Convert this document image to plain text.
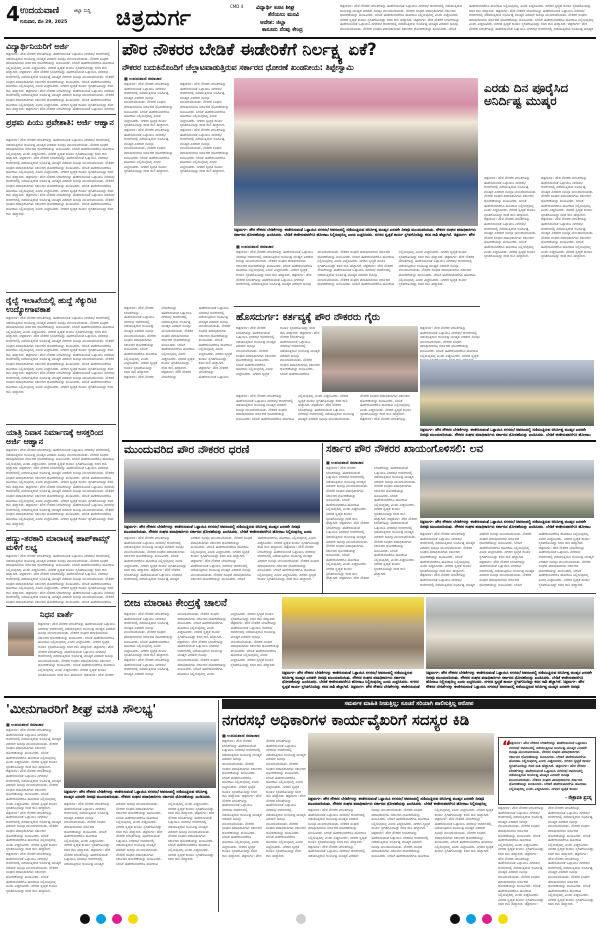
4 ಉದಯವಾಣಿ	ಜಿಲ್ಲಾ ಸುದ್ದಿ
ಗುರುವಾರ, ಮೇ 29, 2025 ಚಿತ್ರದುರ್ಗ	CMD 4 ವಿದ್ಯಾರ್ಥಿ ಕೂಟ ಶೀಘ್ರ
ತೆರೆಯಲು ಮನವಿ
ಆದೇಶ: ಜಿಲ್ಲಾ
ಕಾನೂನು ನೆರವು ಕೇಂದ್ರ
ಚಿತ್ರದುರ್ಗ: ಪೌರ ನೌಕರರ ಬೇಡಿಕೆಗಳನ್ನು ಈಡೇರಿಸುವಂತೆ ಒತ್ತಾಯಿಸಿ ನಗರಸಭೆ ಆವರಣದಲ್ಲಿ ನಡೆಯುತ್ತಿರುವ ಅನಿರ್ದಿಷ್ಟ ಮುಷ್ಕರ ಎರಡನೇ ದಿನವೂ ಮುಂದುವರಿಯಿತು. ನೌಕರರ ಸಂಘದ ಪದಾಧಿಕಾರಿಗಳು ಸರ್ಕಾರದ ಧೋರಣೆಯನ್ನು ಖಂಡಿಸಿದರು. ಬೇಡಿಕೆ ಈಡೇರುವವರೆಗೂ ಹೋರಾಟ ನಿಲ್ಲಿಸುವುದಿಲ್ಲ ಎಂದು ಎಚ್ಚರಿಸಿದರು. ನಗರದ ಸ್ವಚ್ಛತೆ ಕಾರ್ಯ ಸ್ಥಗಿತಗೊಂಡಿದ್ದು ಕಸದ ರಾಶಿ ಹೆಚ್ಚಾಗಿದೆ. ಚಿತ್ರದುರ್ಗ: ಪೌರ ನೌಕರರ ಬೇಡಿಕೆಗಳನ್ನು ಈಡೇರಿಸುವಂತೆ ಒತ್ತಾಯಿಸಿ ನಗರಸಭೆ ಆವರಣದಲ್ಲಿ ನಡೆಯುತ್ತಿರುವ ಅನಿರ್ದಿಷ್ಟ ಮುಷ್ಕರ ಎರಡನೇ ದಿನವೂ ಮುಂದುವರಿಯಿತು. ನೌಕರರ ಸಂಘದ ಪದಾಧಿಕಾರಿಗಳು ಸರ್ಕಾರದ ಧೋರಣೆಯನ್ನು ಖಂಡಿಸಿದರು. ಬೇಡಿಕೆ ಈಡೇರುವವರೆಗೂ ಹೋರಾಟ ನಿಲ್ಲಿಸುವುದಿಲ್ಲ ಎಂದು ಎಚ್ಚರಿಸಿದರು. ನಗರದ ಸ್ವಚ್ಛತೆ ಕಾರ್ಯ ಸ್ಥಗಿತಗೊಂಡಿದ್ದು ಕಸದ ರಾಶಿ ಹೆಚ್ಚಾಗಿದೆ. ಚಿತ್ರದುರ್ಗ: ಪೌರ ನೌಕರರ ಬೇಡಿಕೆಗಳನ್ನು ಈಡೇರಿಸುವಂತೆ ಒತ್ತಾಯಿಸಿ ನಗರಸಭೆ ಆವರಣದಲ್ಲಿ ನಡೆಯುತ್ತಿರುವ ಅನಿರ್ದಿಷ್ಟ ಮುಷ್ಕರ ಎರಡನೇ ದಿನವೂ ಮುಂದುವರಿಯಿತು. ನೌಕರರ ಸಂಘದ ಪದಾಧಿಕಾರಿಗಳು ಸರ್ಕಾರದ ಧೋರಣೆಯನ್ನು ಖಂಡಿಸಿದರು. ಬೇಡಿಕೆ ಈಡೇರುವವರೆಗೂ ಹೋರಾಟ ನಿಲ್ಲಿಸುವುದಿಲ್ಲ ಎಂದು ಎಚ್ಚರಿಸಿದರು. ನಗರದ ಸ್ವಚ್ಛತೆ ಕಾರ್ಯ ಸ್ಥಗಿತಗೊಂಡಿದ್ದು ಕಸದ ರಾಶಿ ಹೆಚ್ಚಾಗಿದೆ. ಚಿತ್ರದುರ್ಗ: ಪೌರ ನೌಕರರ ಬೇಡಿಕೆಗಳನ್ನು ಈಡೇರಿಸುವಂತೆ ಒತ್ತಾಯಿಸಿ ನಗರಸಭೆ ಆವರಣದಲ್ಲಿ ನಡೆಯುತ್ತಿರುವ ಅನಿರ್ದಿಷ್ಟ ಮುಷ್ಕರ
ವಿದ್ಯಾರ್ಥಿನಿಯರಿಗೆ ಅರ್ಜಿ
ಚಿತ್ರದುರ್ಗ: ಪೌರ ನೌಕರರ ಬೇಡಿಕೆಗಳನ್ನು ಈಡೇರಿಸುವಂತೆ ಒತ್ತಾಯಿಸಿ ನಗರಸಭೆ ಆವರಣದಲ್ಲಿ ನಡೆಯುತ್ತಿರುವ ಅನಿರ್ದಿಷ್ಟ ಮುಷ್ಕರ ಎರಡನೇ ದಿನವೂ ಮುಂದುವರಿಯಿತು. ನೌಕರರ ಸಂಘದ ಪದಾಧಿಕಾರಿಗಳು ಸರ್ಕಾರದ ಧೋರಣೆಯನ್ನು ಖಂಡಿಸಿದರು. ಬೇಡಿಕೆ ಈಡೇರುವವರೆಗೂ ಹೋರಾಟ ನಿಲ್ಲಿಸುವುದಿಲ್ಲ ಎಂದು ಎಚ್ಚರಿಸಿದರು. ನಗರದ ಸ್ವಚ್ಛತೆ ಕಾರ್ಯ ಸ್ಥಗಿತಗೊಂಡಿದ್ದು ಕಸದ ರಾಶಿ ಹೆಚ್ಚಾಗಿದೆ. ಚಿತ್ರದುರ್ಗ: ಪೌರ ನೌಕರರ ಬೇಡಿಕೆಗಳನ್ನು ಈಡೇರಿಸುವಂತೆ ಒತ್ತಾಯಿಸಿ ನಗರಸಭೆ ಆವರಣದಲ್ಲಿ ನಡೆಯುತ್ತಿರುವ ಅನಿರ್ದಿಷ್ಟ ಮುಷ್ಕರ ಎರಡನೇ ದಿನವೂ ಮುಂದುವರಿಯಿತು. ನೌಕರರ ಸಂಘದ ಪದಾಧಿಕಾರಿಗಳು ಸರ್ಕಾರದ ಧೋರಣೆಯನ್ನು ಖಂಡಿಸಿದರು. ಬೇಡಿಕೆ ಈಡೇರುವವರೆಗೂ ಹೋರಾಟ ನಿಲ್ಲಿಸುವುದಿಲ್ಲ ಎಂದು ಎಚ್ಚರಿಸಿದರು. ನಗರದ ಸ್ವಚ್ಛತೆ ಕಾರ್ಯ ಸ್ಥಗಿತಗೊಂಡಿದ್ದು ಕಸದ ರಾಶಿ ಹೆಚ್ಚಾಗಿದೆ. ಚಿತ್ರದುರ್ಗ: ಪೌರ ನೌಕರರ ಬೇಡಿಕೆಗಳನ್ನು ಈಡೇರಿಸುವಂತೆ ಒತ್ತಾಯಿಸಿ ನಗರಸಭೆ ಆವರಣದಲ್ಲಿ ನಡೆಯುತ್ತಿರುವ ಅನಿರ್ದಿಷ್ಟ ಮುಷ್ಕರ ಎರಡನೇ ದಿನವೂ ಮುಂದುವರಿಯಿತು. ನೌಕರರ ಸಂಘದ ಪದಾಧಿಕಾರಿಗಳು ಸರ್ಕಾರದ ಧೋರಣೆಯನ್ನು ಖಂಡಿಸಿದರು. ಬೇಡಿಕೆ ಈಡೇರುವವರೆಗೂ ಹೋರಾಟ ನಿಲ್ಲಿಸುವುದಿಲ್ಲ ಎಂದು ಎಚ್ಚರಿಸಿದರು. ನಗರದ ಸ್ವಚ್ಛತೆ ಕಾರ್ಯ ಸ್ಥಗಿತಗೊಂಡಿದ್ದು ಕಸದ ರಾಶಿ ಹೆಚ್ಚಾಗಿದೆ. ಚಿತ್ರದುರ್ಗ: ಪೌರ ನೌಕರರ ಬೇಡಿಕೆಗಳನ್ನು ಈಡೇರಿಸುವಂತೆ ಒತ್ತಾಯಿಸಿ ನಗರಸಭೆ
ಪ್ರಥಮ ಪಿಯು ಪ್ರವೇಶಾತಿ: ಅರ್ಜಿ ಆಹ್ವಾನ
ಚಿತ್ರದುರ್ಗ: ಪೌರ ನೌಕರರ ಬೇಡಿಕೆಗಳನ್ನು ಈಡೇರಿಸುವಂತೆ ಒತ್ತಾಯಿಸಿ ನಗರಸಭೆ ಆವರಣದಲ್ಲಿ ನಡೆಯುತ್ತಿರುವ ಅನಿರ್ದಿಷ್ಟ ಮುಷ್ಕರ ಎರಡನೇ ದಿನವೂ ಮುಂದುವರಿಯಿತು. ನೌಕರರ ಸಂಘದ ಪದಾಧಿಕಾರಿಗಳು ಸರ್ಕಾರದ ಧೋರಣೆಯನ್ನು ಖಂಡಿಸಿದರು. ಬೇಡಿಕೆ ಈಡೇರುವವರೆಗೂ ಹೋರಾಟ ನಿಲ್ಲಿಸುವುದಿಲ್ಲ ಎಂದು ಎಚ್ಚರಿಸಿದರು. ನಗರದ ಸ್ವಚ್ಛತೆ ಕಾರ್ಯ ಸ್ಥಗಿತಗೊಂಡಿದ್ದು ಕಸದ ರಾಶಿ ಹೆಚ್ಚಾಗಿದೆ. ಚಿತ್ರದುರ್ಗ: ಪೌರ ನೌಕರರ ಬೇಡಿಕೆಗಳನ್ನು ಈಡೇರಿಸುವಂತೆ ಒತ್ತಾಯಿಸಿ ನಗರಸಭೆ ಆವರಣದಲ್ಲಿ ನಡೆಯುತ್ತಿರುವ ಅನಿರ್ದಿಷ್ಟ ಮುಷ್ಕರ ಎರಡನೇ ದಿನವೂ ಮುಂದುವರಿಯಿತು. ನೌಕರರ ಸಂಘದ ಪದಾಧಿಕಾರಿಗಳು ಸರ್ಕಾರದ ಧೋರಣೆಯನ್ನು ಖಂಡಿಸಿದರು. ಬೇಡಿಕೆ ಈಡೇರುವವರೆಗೂ ಹೋರಾಟ ನಿಲ್ಲಿಸುವುದಿಲ್ಲ ಎಂದು ಎಚ್ಚರಿಸಿದರು. ನಗರದ ಸ್ವಚ್ಛತೆ ಕಾರ್ಯ ಸ್ಥಗಿತಗೊಂಡಿದ್ದು ಕಸದ ರಾಶಿ ಹೆಚ್ಚಾಗಿದೆ. ಚಿತ್ರದುರ್ಗ: ಪೌರ ನೌಕರರ ಬೇಡಿಕೆಗಳನ್ನು ಈಡೇರಿಸುವಂತೆ ಒತ್ತಾಯಿಸಿ ನಗರಸಭೆ ಆವರಣದಲ್ಲಿ ನಡೆಯುತ್ತಿರುವ ಅನಿರ್ದಿಷ್ಟ ಮುಷ್ಕರ ಎರಡನೇ ದಿನವೂ ಮುಂದುವರಿಯಿತು. ನೌಕರರ ಸಂಘದ ಪದಾಧಿಕಾರಿಗಳು ಸರ್ಕಾರದ ಧೋರಣೆಯನ್ನು ಖಂಡಿಸಿದರು. ಬೇಡಿಕೆ ಈಡೇರುವವರೆಗೂ ಹೋರಾಟ ನಿಲ್ಲಿಸುವುದಿಲ್ಲ ಎಂದು ಎಚ್ಚರಿಸಿದರು. ನಗರದ ಸ್ವಚ್ಛತೆ ಕಾರ್ಯ ಸ್ಥಗಿತಗೊಂಡಿದ್ದು ಕಸದ ರಾಶಿ ಹೆಚ್ಚಾಗಿದೆ. ಚಿತ್ರದುರ್ಗ: ಪೌರ ನೌಕರರ ಬೇಡಿಕೆಗಳನ್ನು ಈಡೇರಿಸುವಂತೆ ಒತ್ತಾಯಿಸಿ ನಗರಸಭೆ ಆವರಣದಲ್ಲಿ ನಡೆಯುತ್ತಿರುವ ಅನಿರ್ದಿಷ್ಟ ಮುಷ್ಕರ ಎರಡನೇ ದಿನವೂ ಮುಂದುವರಿಯಿತು. ನೌಕರರ ಸಂಘದ ಪದಾಧಿಕಾರಿಗಳು ಸರ್ಕಾರದ ಧೋರಣೆಯನ್ನು ಖಂಡಿಸಿದರು. ಬೇಡಿಕೆ ಈಡೇರುವವರೆಗೂ ಹೋರಾಟ ನಿಲ್ಲಿಸುವುದಿಲ್ಲ ಎಂದು ಎಚ್ಚರಿಸಿದರು. ನಗರದ ಸ್ವಚ್ಛತೆ ಕಾರ್ಯ ಸ್ಥಗಿತಗೊಂಡಿದ್ದು ಕಸದ ರಾಶಿ ಹೆಚ್ಚಾಗಿದೆ.
ರೈಲ್ವೆ ಇಲಾಖೆಯಲ್ಲಿ ಹುದ್ದೆ ಸೆಕ್ಯುರಿಟಿ ಉದ್ಯೋಗಾವಕಾಶ
ಚಿತ್ರದುರ್ಗ: ಪೌರ ನೌಕರರ ಬೇಡಿಕೆಗಳನ್ನು ಈಡೇರಿಸುವಂತೆ ಒತ್ತಾಯಿಸಿ ನಗರಸಭೆ ಆವರಣದಲ್ಲಿ ನಡೆಯುತ್ತಿರುವ ಅನಿರ್ದಿಷ್ಟ ಮುಷ್ಕರ ಎರಡನೇ ದಿನವೂ ಮುಂದುವರಿಯಿತು. ನೌಕರರ ಸಂಘದ ಪದಾಧಿಕಾರಿಗಳು ಸರ್ಕಾರದ ಧೋರಣೆಯನ್ನು ಖಂಡಿಸಿದರು. ಬೇಡಿಕೆ ಈಡೇರುವವರೆಗೂ ಹೋರಾಟ ನಿಲ್ಲಿಸುವುದಿಲ್ಲ ಎಂದು ಎಚ್ಚರಿಸಿದರು. ನಗರದ ಸ್ವಚ್ಛತೆ ಕಾರ್ಯ ಸ್ಥಗಿತಗೊಂಡಿದ್ದು ಕಸದ ರಾಶಿ ಹೆಚ್ಚಾಗಿದೆ. ಚಿತ್ರದುರ್ಗ: ಪೌರ ನೌಕರರ ಬೇಡಿಕೆಗಳನ್ನು ಈಡೇರಿಸುವಂತೆ ಒತ್ತಾಯಿಸಿ ನಗರಸಭೆ ಆವರಣದಲ್ಲಿ ನಡೆಯುತ್ತಿರುವ ಅನಿರ್ದಿಷ್ಟ ಮುಷ್ಕರ ಎರಡನೇ ದಿನವೂ ಮುಂದುವರಿಯಿತು. ನೌಕರರ ಸಂಘದ ಪದಾಧಿಕಾರಿಗಳು ಸರ್ಕಾರದ ಧೋರಣೆಯನ್ನು ಖಂಡಿಸಿದರು. ಬೇಡಿಕೆ ಈಡೇರುವವರೆಗೂ ಹೋರಾಟ ನಿಲ್ಲಿಸುವುದಿಲ್ಲ ಎಂದು ಎಚ್ಚರಿಸಿದರು. ನಗರದ ಸ್ವಚ್ಛತೆ ಕಾರ್ಯ ಸ್ಥಗಿತಗೊಂಡಿದ್ದು ಕಸದ ರಾಶಿ ಹೆಚ್ಚಾಗಿದೆ. ಚಿತ್ರದುರ್ಗ: ಪೌರ ನೌಕರರ ಬೇಡಿಕೆಗಳನ್ನು ಈಡೇರಿಸುವಂತೆ ಒತ್ತಾಯಿಸಿ ನಗರಸಭೆ ಆವರಣದಲ್ಲಿ ನಡೆಯುತ್ತಿರುವ ಅನಿರ್ದಿಷ್ಟ ಮುಷ್ಕರ ಎರಡನೇ ದಿನವೂ ಮುಂದುವರಿಯಿತು. ನೌಕರರ ಸಂಘದ ಪದಾಧಿಕಾರಿಗಳು ಸರ್ಕಾರದ ಧೋರಣೆಯನ್ನು ಖಂಡಿಸಿದರು. ಬೇಡಿಕೆ ಈಡೇರುವವರೆಗೂ ಹೋರಾಟ ನಿಲ್ಲಿಸುವುದಿಲ್ಲ ಎಂದು ಎಚ್ಚರಿಸಿದರು. ನಗರದ ಸ್ವಚ್ಛತೆ ಕಾರ್ಯ ಸ್ಥಗಿತಗೊಂಡಿದ್ದು ಕಸದ ರಾಶಿ ಹೆಚ್ಚಾಗಿದೆ. ಚಿತ್ರದುರ್ಗ: ಪೌರ ನೌಕರರ ಬೇಡಿಕೆಗಳನ್ನು ಈಡೇರಿಸುವಂತೆ ಒತ್ತಾಯಿಸಿ ನಗರಸಭೆ ಆವರಣದಲ್ಲಿ ನಡೆಯುತ್ತಿರುವ ಅನಿರ್ದಿಷ್ಟ ಮುಷ್ಕರ ಎರಡನೇ ದಿನವೂ ಮುಂದುವರಿಯಿತು. ನೌಕರರ ಸಂಘದ ಪದಾಧಿಕಾರಿಗಳು ಸರ್ಕಾರದ ಧೋರಣೆಯನ್ನು ಖಂಡಿಸಿದರು. ಬೇಡಿಕೆ ಈಡೇರುವವರೆಗೂ ಹೋರಾಟ ನಿಲ್ಲಿಸುವುದಿಲ್ಲ ಎಂದು ಎಚ್ಚರಿಸಿದರು. ನಗರದ ಸ್ವಚ್ಛತೆ ಕಾರ್ಯ ಸ್ಥಗಿತಗೊಂಡಿದ್ದು ಕಸದ ರಾಶಿ ಹೆಚ್ಚಾಗಿದೆ.
ಯಾತ್ರಿ ನಿವಾಸ ನಿರ್ಮಾಣಕ್ಕೆ ಆಸಕ್ತರಿಂದ ಅರ್ಜಿ ಆಹ್ವಾನ
ಚಿತ್ರದುರ್ಗ: ಪೌರ ನೌಕರರ ಬೇಡಿಕೆಗಳನ್ನು ಈಡೇರಿಸುವಂತೆ ಒತ್ತಾಯಿಸಿ ನಗರಸಭೆ ಆವರಣದಲ್ಲಿ ನಡೆಯುತ್ತಿರುವ ಅನಿರ್ದಿಷ್ಟ ಮುಷ್ಕರ ಎರಡನೇ ದಿನವೂ ಮುಂದುವರಿಯಿತು. ನೌಕರರ ಸಂಘದ ಪದಾಧಿಕಾರಿಗಳು ಸರ್ಕಾರದ ಧೋರಣೆಯನ್ನು ಖಂಡಿಸಿದರು. ಬೇಡಿಕೆ ಈಡೇರುವವರೆಗೂ ಹೋರಾಟ ನಿಲ್ಲಿಸುವುದಿಲ್ಲ ಎಂದು ಎಚ್ಚರಿಸಿದರು. ನಗರದ ಸ್ವಚ್ಛತೆ ಕಾರ್ಯ ಸ್ಥಗಿತಗೊಂಡಿದ್ದು ಕಸದ ರಾಶಿ ಹೆಚ್ಚಾಗಿದೆ. ಚಿತ್ರದುರ್ಗ: ಪೌರ ನೌಕರರ ಬೇಡಿಕೆಗಳನ್ನು ಈಡೇರಿಸುವಂತೆ ಒತ್ತಾಯಿಸಿ ನಗರಸಭೆ ಆವರಣದಲ್ಲಿ ನಡೆಯುತ್ತಿರುವ ಅನಿರ್ದಿಷ್ಟ ಮುಷ್ಕರ ಎರಡನೇ ದಿನವೂ ಮುಂದುವರಿಯಿತು. ನೌಕರರ ಸಂಘದ ಪದಾಧಿಕಾರಿಗಳು ಸರ್ಕಾರದ ಧೋರಣೆಯನ್ನು ಖಂಡಿಸಿದರು. ಬೇಡಿಕೆ ಈಡೇರುವವರೆಗೂ ಹೋರಾಟ ನಿಲ್ಲಿಸುವುದಿಲ್ಲ ಎಂದು ಎಚ್ಚರಿಸಿದರು. ನಗರದ ಸ್ವಚ್ಛತೆ ಕಾರ್ಯ ಸ್ಥಗಿತಗೊಂಡಿದ್ದು ಕಸದ ರಾಶಿ ಹೆಚ್ಚಾಗಿದೆ. ಚಿತ್ರದುರ್ಗ: ಪೌರ ನೌಕರರ ಬೇಡಿಕೆಗಳನ್ನು ಈಡೇರಿಸುವಂತೆ ಒತ್ತಾಯಿಸಿ ನಗರಸಭೆ ಆವರಣದಲ್ಲಿ ನಡೆಯುತ್ತಿರುವ ಅನಿರ್ದಿಷ್ಟ ಮುಷ್ಕರ ಎರಡನೇ ದಿನವೂ ಮುಂದುವರಿಯಿತು. ನೌಕರರ ಸಂಘದ ಪದಾಧಿಕಾರಿಗಳು ಸರ್ಕಾರದ ಧೋರಣೆಯನ್ನು ಖಂಡಿಸಿದರು. ಬೇಡಿಕೆ ಈಡೇರುವವರೆಗೂ ಹೋರಾಟ ನಿಲ್ಲಿಸುವುದಿಲ್ಲ ಎಂದು ಎಚ್ಚರಿಸಿದರು. ನಗರದ ಸ್ವಚ್ಛತೆ ಕಾರ್ಯ ಸ್ಥಗಿತಗೊಂಡಿದ್ದು ಕಸದ ರಾಶಿ ಹೆಚ್ಚಾಗಿದೆ. ಚಿತ್ರದುರ್ಗ: ಪೌರ ನೌಕರರ ಬೇಡಿಕೆಗಳನ್ನು ಈಡೇರಿಸುವಂತೆ ಒತ್ತಾಯಿಸಿ ನಗರಸಭೆ ಆವರಣದಲ್ಲಿ ನಡೆಯುತ್ತಿರುವ ಅನಿರ್ದಿಷ್ಟ ಮುಷ್ಕರ ಎರಡನೇ ದಿನವೂ ಮುಂದುವರಿಯಿತು. ನೌಕರರ ಸಂಘದ ಪದಾಧಿಕಾರಿಗಳು ಸರ್ಕಾರದ ಧೋರಣೆಯನ್ನು ಖಂಡಿಸಿದರು. ಬೇಡಿಕೆ ಈಡೇರುವವರೆಗೂ ಹೋರಾಟ ನಿಲ್ಲಿಸುವುದಿಲ್ಲ ಎಂದು ಎಚ್ಚರಿಸಿದರು. ನಗರದ ಸ್ವಚ್ಛತೆ ಕಾರ್ಯ ಸ್ಥಗಿತಗೊಂಡಿದ್ದು ಕಸದ ರಾಶಿ ಹೆಚ್ಚಾಗಿದೆ.
ಹಣ್ಣು-ತರಕಾರಿ ಮಾರಾಟಕ್ಕೆ ಹಾಪ್‌ಕಾಮ್ಸ್ ಮಳಿಗೆ ಲಭ್ಯ
ಚಿತ್ರದುರ್ಗ: ಪೌರ ನೌಕರರ ಬೇಡಿಕೆಗಳನ್ನು ಈಡೇರಿಸುವಂತೆ ಒತ್ತಾಯಿಸಿ ನಗರಸಭೆ ಆವರಣದಲ್ಲಿ ನಡೆಯುತ್ತಿರುವ ಅನಿರ್ದಿಷ್ಟ ಮುಷ್ಕರ ಎರಡನೇ ದಿನವೂ ಮುಂದುವರಿಯಿತು. ನೌಕರರ ಸಂಘದ ಪದಾಧಿಕಾರಿಗಳು ಸರ್ಕಾರದ ಧೋರಣೆಯನ್ನು ಖಂಡಿಸಿದರು. ಬೇಡಿಕೆ ಈಡೇರುವವರೆಗೂ ಹೋರಾಟ ನಿಲ್ಲಿಸುವುದಿಲ್ಲ ಎಂದು ಎಚ್ಚರಿಸಿದರು. ನಗರದ ಸ್ವಚ್ಛತೆ ಕಾರ್ಯ ಸ್ಥಗಿತಗೊಂಡಿದ್ದು ಕಸದ ರಾಶಿ ಹೆಚ್ಚಾಗಿದೆ. ಚಿತ್ರದುರ್ಗ: ಪೌರ ನೌಕರರ ಬೇಡಿಕೆಗಳನ್ನು ಈಡೇರಿಸುವಂತೆ ಒತ್ತಾಯಿಸಿ ನಗರಸಭೆ ಆವರಣದಲ್ಲಿ ನಡೆಯುತ್ತಿರುವ ಅನಿರ್ದಿಷ್ಟ ಮುಷ್ಕರ ಎರಡನೇ ದಿನವೂ ಮುಂದುವರಿಯಿತು. ನೌಕರರ ಸಂಘದ ಪದಾಧಿಕಾರಿಗಳು ಸರ್ಕಾರದ ಧೋರಣೆಯನ್ನು ಖಂಡಿಸಿದರು. ಬೇಡಿಕೆ ಈಡೇರುವವರೆಗೂ ಹೋರಾಟ ನಿಲ್ಲಿಸುವುದಿಲ್ಲ ಎಂದು ಎಚ್ಚರಿಸಿದರು. ನಗರದ ಸ್ವಚ್ಛತೆ ಕಾರ್ಯ ಸ್ಥಗಿತಗೊಂಡಿದ್ದು ಕಸದ ರಾಶಿ ಹೆಚ್ಚಾಗಿದೆ. ಚಿತ್ರದುರ್ಗ: ಪೌರ ನೌಕರರ ಬೇಡಿಕೆಗಳನ್ನು ಈಡೇರಿಸುವಂತೆ ಒತ್ತಾಯಿಸಿ ನಗರಸಭೆ ಆವರಣದಲ್ಲಿ ನಡೆಯುತ್ತಿರುವ ಅನಿರ್ದಿಷ್ಟ ಮುಷ್ಕರ ಎರಡನೇ ದಿನವೂ ಮುಂದುವರಿಯಿತು. ನೌಕರರ ಸಂಘದ ಪದಾಧಿಕಾರಿಗಳು ಸರ್ಕಾರದ ಧೋರಣೆಯನ್ನು ಖಂಡಿಸಿದರು. ಬೇಡಿಕೆ ಈಡೇರುವವರೆಗೂ
ನಿಧನ ವಾರ್ತೆ
ಚಿತ್ರದುರ್ಗ: ಪೌರ ನೌಕರರ ಬೇಡಿಕೆಗಳನ್ನು ಈಡೇರಿಸುವಂತೆ ಒತ್ತಾಯಿಸಿ ನಗರಸಭೆ ಆವರಣದಲ್ಲಿ ನಡೆಯುತ್ತಿರುವ ಅನಿರ್ದಿಷ್ಟ ಮುಷ್ಕರ ಎರಡನೇ ದಿನವೂ ಮುಂದುವರಿಯಿತು. ನೌಕರರ ಸಂಘದ ಪದಾಧಿಕಾರಿಗಳು ಸರ್ಕಾರದ ಧೋರಣೆಯನ್ನು ಖಂಡಿಸಿದರು. ಬೇಡಿಕೆ ಈಡೇರುವವರೆಗೂ ಹೋರಾಟ ನಿಲ್ಲಿಸುವುದಿಲ್ಲ ಎಂದು ಎಚ್ಚರಿಸಿದರು. ನಗರದ ಸ್ವಚ್ಛತೆ ಕಾರ್ಯ ಸ್ಥಗಿತಗೊಂಡಿದ್ದು ಕಸದ ರಾಶಿ ಹೆಚ್ಚಾಗಿದೆ. ಚಿತ್ರದುರ್ಗ: ಪೌರ ನೌಕರರ ಬೇಡಿಕೆಗಳನ್ನು ಈಡೇರಿಸುವಂತೆ ಒತ್ತಾಯಿಸಿ ನಗರಸಭೆ ಆವರಣದಲ್ಲಿ ನಡೆಯುತ್ತಿರುವ ಅನಿರ್ದಿಷ್ಟ ಮುಷ್ಕರ ಎರಡನೇ ದಿನವೂ ಮುಂದುವರಿಯಿತು. ನೌಕರರ ಸಂಘದ ಪದಾಧಿಕಾರಿಗಳು ಸರ್ಕಾರದ ಧೋರಣೆಯನ್ನು ಖಂಡಿಸಿದರು. ಬೇಡಿಕೆ ಈಡೇರುವವರೆಗೂ ಹೋರಾಟ ನಿಲ್ಲಿಸುವುದಿಲ್ಲ ಎಂದು ಎಚ್ಚರಿಸಿದರು. ನಗರದ ಸ್ವಚ್ಛತೆ ಕಾರ್ಯ ಸ್ಥಗಿತಗೊಂಡಿದ್ದು ಕಸದ ರಾಶಿ ಹೆಚ್ಚಾಗಿದೆ. ಚಿತ್ರದುರ್ಗ: ಪೌರ ನೌಕರರ
ಪೌರ ನೌಕರರ ಬೇಡಿಕೆ ಈಡೇರಿಕೆಗೆ ನಿರ್ಲಕ್ಷ್ಯ ಏಕೆ?
ನೌಕರರ ಬದುಕಿನೊಂದಿಗೆ ಚೆಲ್ಲಾಟವಾಡುತ್ತಿರುವ ಸರ್ಕಾರದ ಧೋರಣೆ ಖಂಡನೀಯ: ತಿಪ್ಪೇಸ್ವಾಮಿ
■ ಉದಯವಾಣಿ ಸಮಾಚಾರ
ಚಿತ್ರದುರ್ಗ: ಪೌರ ನೌಕರರ ಬೇಡಿಕೆಗಳನ್ನು ಈಡೇರಿಸುವಂತೆ ಒತ್ತಾಯಿಸಿ ನಗರಸಭೆ ಆವರಣದಲ್ಲಿ ನಡೆಯುತ್ತಿರುವ ಅನಿರ್ದಿಷ್ಟ ಮುಷ್ಕರ ಎರಡನೇ ದಿನವೂ ಮುಂದುವರಿಯಿತು. ನೌಕರರ ಸಂಘದ ಪದಾಧಿಕಾರಿಗಳು ಸರ್ಕಾರದ ಧೋರಣೆಯನ್ನು ಖಂಡಿಸಿದರು. ಬೇಡಿಕೆ ಈಡೇರುವವರೆಗೂ ಹೋರಾಟ ನಿಲ್ಲಿಸುವುದಿಲ್ಲ ಎಂದು ಎಚ್ಚರಿಸಿದರು. ನಗರದ ಸ್ವಚ್ಛತೆ ಕಾರ್ಯ ಸ್ಥಗಿತಗೊಂಡಿದ್ದು ಕಸದ ರಾಶಿ ಹೆಚ್ಚಾಗಿದೆ. ಚಿತ್ರದುರ್ಗ: ಪೌರ ನೌಕರರ ಬೇಡಿಕೆಗಳನ್ನು ಈಡೇರಿಸುವಂತೆ ಒತ್ತಾಯಿಸಿ ನಗರಸಭೆ ಆವರಣದಲ್ಲಿ ನಡೆಯುತ್ತಿರುವ ಅನಿರ್ದಿಷ್ಟ ಮುಷ್ಕರ ಎರಡನೇ ದಿನವೂ ಮುಂದುವರಿಯಿತು. ನೌಕರರ ಸಂಘದ ಪದಾಧಿಕಾರಿಗಳು ಸರ್ಕಾರದ ಧೋರಣೆಯನ್ನು ಖಂಡಿಸಿದರು. ಬೇಡಿಕೆ ಈಡೇರುವವರೆಗೂ ಹೋರಾಟ ನಿಲ್ಲಿಸುವುದಿಲ್ಲ ಎಂದು ಎಚ್ಚರಿಸಿದರು. ನಗರದ ಸ್ವಚ್ಛತೆ ಕಾರ್ಯ ಸ್ಥಗಿತಗೊಂಡಿದ್ದು ಕಸದ ರಾಶಿ ಹೆಚ್ಚಾಗಿದೆ. ಚಿತ್ರದುರ್ಗ: ಪೌರ ನೌಕರರ ಬೇಡಿಕೆಗಳನ್ನು ಈಡೇರಿಸುವಂತೆ ಒತ್ತಾಯಿಸಿ ನಗರಸಭೆ ಆವರಣದಲ್ಲಿ ನಡೆಯುತ್ತಿರುವ ಅನಿರ್ದಿಷ್ಟ ಮುಷ್ಕರ ಎರಡನೇ ದಿನವೂ ಮುಂದುವರಿಯಿತು. ನೌಕರರ ಸಂಘದ ಪದಾಧಿಕಾರಿಗಳು ಸರ್ಕಾರದ ಧೋರಣೆಯನ್ನು ಖಂಡಿಸಿದರು. ಬೇಡಿಕೆ ಈಡೇರುವವರೆಗೂ ಹೋರಾಟ ನಿಲ್ಲಿಸುವುದಿಲ್ಲ ಎಂದು ಎಚ್ಚರಿಸಿದರು. ನಗರದ ಸ್ವಚ್ಛತೆ ಕಾರ್ಯ ಸ್ಥಗಿತಗೊಂಡಿದ್ದು ಕಸದ ರಾಶಿ ಹೆಚ್ಚಾಗಿದೆ. ಚಿತ್ರದುರ್ಗ: ಪೌರ ನೌಕರರ ಬೇಡಿಕೆಗಳನ್ನು ಈಡೇರಿಸುವಂತೆ ಒತ್ತಾಯಿಸಿ ನಗರಸಭೆ ಆವರಣದಲ್ಲಿ ನಡೆಯುತ್ತಿರುವ ಅನಿರ್ದಿಷ್ಟ ಮುಷ್ಕರ ಎರಡನೇ ದಿನವೂ ಮುಂದುವರಿಯಿತು. ನೌಕರರ ಸಂಘದ ಪದಾಧಿಕಾರಿಗಳು ಸರ್ಕಾರದ ಧೋರಣೆಯನ್ನು ಖಂಡಿಸಿದರು. ಬೇಡಿಕೆ ಈಡೇರುವವರೆಗೂ ಹೋರಾಟ ನಿಲ್ಲಿಸುವುದಿಲ್ಲ ಎಂದು ಎಚ್ಚರಿಸಿದರು. ನಗರದ ಸ್ವಚ್ಛತೆ ಕಾರ್ಯ ಸ್ಥಗಿತಗೊಂಡಿದ್ದು ಕಸದ ರಾಶಿ ಹೆಚ್ಚಾಗಿದೆ.
ಚಿತ್ರದುರ್ಗ: ಪೌರ ನೌಕರರ ಬೇಡಿಕೆಗಳನ್ನು ಈಡೇರಿಸುವಂತೆ ಒತ್ತಾಯಿಸಿ ನಗರಸಭೆ ಆವರಣದಲ್ಲಿ ನಡೆಯುತ್ತಿರುವ ಅನಿರ್ದಿಷ್ಟ ಮುಷ್ಕರ ಎರಡನೇ ದಿನವೂ ಮುಂದುವರಿಯಿತು. ನೌಕರರ ಸಂಘದ ಪದಾಧಿಕಾರಿಗಳು ಸರ್ಕಾರದ ಧೋರಣೆಯನ್ನು ಖಂಡಿಸಿದರು. ಬೇಡಿಕೆ ಈಡೇರುವವರೆಗೂ ಹೋರಾಟ ನಿಲ್ಲಿಸುವುದಿಲ್ಲ ಎಂದು ಎಚ್ಚರಿಸಿದರು. ನಗರದ ಸ್ವಚ್ಛತೆ ಕಾರ್ಯ ಸ್ಥಗಿತಗೊಂಡಿದ್ದು ಕಸದ ರಾಶಿ ಹೆಚ್ಚಾಗಿದೆ. ಚಿತ್ರದುರ್ಗ: ಪೌರ
ಎರಡು ದಿನ ಪೂರೈಸಿದ ಅನಿರ್ದಿಷ್ಟ ಮುಷ್ಕರ
ಚಿತ್ರದುರ್ಗ: ಪೌರ ನೌಕರರ ಬೇಡಿಕೆಗಳನ್ನು ಈಡೇರಿಸುವಂತೆ ಒತ್ತಾಯಿಸಿ ನಗರಸಭೆ ಆವರಣದಲ್ಲಿ ನಡೆಯುತ್ತಿರುವ ಅನಿರ್ದಿಷ್ಟ ಮುಷ್ಕರ ಎರಡನೇ ದಿನವೂ ಮುಂದುವರಿಯಿತು. ನೌಕರರ ಸಂಘದ ಪದಾಧಿಕಾರಿಗಳು ಸರ್ಕಾರದ ಧೋರಣೆಯನ್ನು ಖಂಡಿಸಿದರು. ಬೇಡಿಕೆ ಈಡೇರುವವರೆಗೂ ಹೋರಾಟ ನಿಲ್ಲಿಸುವುದಿಲ್ಲ ಎಂದು ಎಚ್ಚರಿಸಿದರು. ನಗರದ ಸ್ವಚ್ಛತೆ ಕಾರ್ಯ ಸ್ಥಗಿತಗೊಂಡಿದ್ದು ಕಸದ ರಾಶಿ ಹೆಚ್ಚಾಗಿದೆ. ಚಿತ್ರದುರ್ಗ: ಪೌರ ನೌಕರರ ಬೇಡಿಕೆಗಳನ್ನು ಈಡೇರಿಸುವಂತೆ ಒತ್ತಾಯಿಸಿ ನಗರಸಭೆ ಆವರಣದಲ್ಲಿ ನಡೆಯುತ್ತಿರುವ ಅನಿರ್ದಿಷ್ಟ ಮುಷ್ಕರ ಎರಡನೇ ದಿನವೂ ಮುಂದುವರಿಯಿತು. ನೌಕರರ ಸಂಘದ ಪದಾಧಿಕಾರಿಗಳು ಸರ್ಕಾರದ ಧೋರಣೆಯನ್ನು ಖಂಡಿಸಿದರು. ಬೇಡಿಕೆ ಈಡೇರುವವರೆಗೂ ಹೋರಾಟ ನಿಲ್ಲಿಸುವುದಿಲ್ಲ ಎಂದು ಎಚ್ಚರಿಸಿದರು. ನಗರದ ಸ್ವಚ್ಛತೆ ಕಾರ್ಯ ಸ್ಥಗಿತಗೊಂಡಿದ್ದು ಕಸದ ರಾಶಿ ಹೆಚ್ಚಾಗಿದೆ. ಚಿತ್ರದುರ್ಗ: ಪೌರ ನೌಕರರ ಬೇಡಿಕೆಗಳನ್ನು ಈಡೇರಿಸುವಂತೆ ಒತ್ತಾಯಿಸಿ ನಗರಸಭೆ ಆವರಣದಲ್ಲಿ ನಡೆಯುತ್ತಿರುವ ಅನಿರ್ದಿಷ್ಟ ಮುಷ್ಕರ ಎರಡನೇ ದಿನವೂ ಮುಂದುವರಿಯಿತು. ನೌಕರರ ಸಂಘದ ಪದಾಧಿಕಾರಿಗಳು ಸರ್ಕಾರದ ಧೋರಣೆಯನ್ನು ಖಂಡಿಸಿದರು. ಬೇಡಿಕೆ ಈಡೇರುವವರೆಗೂ ಹೋರಾಟ ನಿಲ್ಲಿಸುವುದಿಲ್ಲ ಎಂದು ಎಚ್ಚರಿಸಿದರು. ನಗರದ ಸ್ವಚ್ಛತೆ ಕಾರ್ಯ ಸ್ಥಗಿತಗೊಂಡಿದ್ದು ಕಸದ ರಾಶಿ ಹೆಚ್ಚಾಗಿದೆ. ಚಿತ್ರದುರ್ಗ: ಪೌರ ನೌಕರರ ಬೇಡಿಕೆಗಳನ್ನು ಈಡೇರಿಸುವಂತೆ ಒತ್ತಾಯಿಸಿ ನಗರಸಭೆ ಆವರಣದಲ್ಲಿ ನಡೆಯುತ್ತಿರುವ ಅನಿರ್ದಿಷ್ಟ ಮುಷ್ಕರ ಎರಡನೇ ದಿನವೂ ಮುಂದುವರಿಯಿತು. ನೌಕರರ ಸಂಘದ ಪದಾಧಿಕಾರಿಗಳು ಸರ್ಕಾರದ ಧೋರಣೆಯನ್ನು ಖಂಡಿಸಿದರು. ಬೇಡಿಕೆ ಈಡೇರುವವರೆಗೂ ಹೋರಾಟ ನಿಲ್ಲಿಸುವುದಿಲ್ಲ ಎಂದು ಎಚ್ಚರಿಸಿದರು. ನಗರದ ಸ್ವಚ್ಛತೆ ಕಾರ್ಯ ಸ್ಥಗಿತಗೊಂಡಿದ್ದು ಕಸದ ರಾಶಿ ಹೆಚ್ಚಾಗಿದೆ.
■ ಉದಯವಾಣಿ ಸಮಾಚಾರ
ಚಿತ್ರದುರ್ಗ: ಪೌರ ನೌಕರರ ಬೇಡಿಕೆಗಳನ್ನು ಈಡೇರಿಸುವಂತೆ ಒತ್ತಾಯಿಸಿ ನಗರಸಭೆ ಆವರಣದಲ್ಲಿ ನಡೆಯುತ್ತಿರುವ ಅನಿರ್ದಿಷ್ಟ ಮುಷ್ಕರ ಎರಡನೇ ದಿನವೂ ಮುಂದುವರಿಯಿತು. ನೌಕರರ ಸಂಘದ ಪದಾಧಿಕಾರಿಗಳು ಸರ್ಕಾರದ ಧೋರಣೆಯನ್ನು ಖಂಡಿಸಿದರು. ಬೇಡಿಕೆ ಈಡೇರುವವರೆಗೂ ಹೋರಾಟ ನಿಲ್ಲಿಸುವುದಿಲ್ಲ ಎಂದು ಎಚ್ಚರಿಸಿದರು. ನಗರದ ಸ್ವಚ್ಛತೆ ಕಾರ್ಯ ಸ್ಥಗಿತಗೊಂಡಿದ್ದು ಕಸದ ರಾಶಿ ಹೆಚ್ಚಾಗಿದೆ. ಚಿತ್ರದುರ್ಗ: ಪೌರ ನೌಕರರ ಬೇಡಿಕೆಗಳನ್ನು ಈಡೇರಿಸುವಂತೆ ಒತ್ತಾಯಿಸಿ ನಗರಸಭೆ ಆವರಣದಲ್ಲಿ ನಡೆಯುತ್ತಿರುವ ಅನಿರ್ದಿಷ್ಟ ಮುಷ್ಕರ ಎರಡನೇ ದಿನವೂ ಮುಂದುವರಿಯಿತು. ನೌಕರರ ಸಂಘದ ಪದಾಧಿಕಾರಿಗಳು ಸರ್ಕಾರದ ಧೋರಣೆಯನ್ನು ಖಂಡಿಸಿದರು. ಬೇಡಿಕೆ ಈಡೇರುವವರೆಗೂ ಹೋರಾಟ ನಿಲ್ಲಿಸುವುದಿಲ್ಲ ಎಂದು ಎಚ್ಚರಿಸಿದರು. ನಗರದ ಸ್ವಚ್ಛತೆ ಕಾರ್ಯ ಸ್ಥಗಿತಗೊಂಡಿದ್ದು ಕಸದ ರಾಶಿ ಹೆಚ್ಚಾಗಿದೆ. ಚಿತ್ರದುರ್ಗ: ಪೌರ ನೌಕರರ ಬೇಡಿಕೆಗಳನ್ನು ಈಡೇರಿಸುವಂತೆ ಒತ್ತಾಯಿಸಿ ನಗರಸಭೆ ಆವರಣದಲ್ಲಿ ನಡೆಯುತ್ತಿರುವ ಅನಿರ್ದಿಷ್ಟ ಮುಷ್ಕರ ಎರಡನೇ ದಿನವೂ ಮುಂದುವರಿಯಿತು. ನೌಕರರ ಸಂಘದ ಪದಾಧಿಕಾರಿಗಳು ಸರ್ಕಾರದ ಧೋರಣೆಯನ್ನು ಖಂಡಿಸಿದರು. ಬೇಡಿಕೆ ಈಡೇರುವವರೆಗೂ ಹೋರಾಟ ನಿಲ್ಲಿಸುವುದಿಲ್ಲ ಎಂದು ಎಚ್ಚರಿಸಿದರು. ನಗರದ ಸ್ವಚ್ಛತೆ ಕಾರ್ಯ ಸ್ಥಗಿತಗೊಂಡಿದ್ದು ಕಸದ ರಾಶಿ ಹೆಚ್ಚಾಗಿದೆ. ಚಿತ್ರದುರ್ಗ: ಪೌರ ನೌಕರರ ಬೇಡಿಕೆಗಳನ್ನು ಈಡೇರಿಸುವಂತೆ ಒತ್ತಾಯಿಸಿ ನಗರಸಭೆ ಆವರಣದಲ್ಲಿ ನಡೆಯುತ್ತಿರುವ ಅನಿರ್ದಿಷ್ಟ ಮುಷ್ಕರ ಎರಡನೇ ದಿನವೂ ಮುಂದುವರಿಯಿತು. ನೌಕರರ ಸಂಘದ ಪದಾಧಿಕಾರಿಗಳು ಸರ್ಕಾರದ ಧೋರಣೆಯನ್ನು ಖಂಡಿಸಿದರು. ಬೇಡಿಕೆ ಈಡೇರುವವರೆಗೂ ಹೋರಾಟ ನಿಲ್ಲಿಸುವುದಿಲ್ಲ ಎಂದು ಎಚ್ಚರಿಸಿದರು. ನಗರದ ಸ್ವಚ್ಛತೆ ಕಾರ್ಯ ಸ್ಥಗಿತಗೊಂಡಿದ್ದು ಕಸದ ರಾಶಿ ಹೆಚ್ಚಾಗಿದೆ.
ಹೊಸದುರ್ಗ: ಕರ್ತವ್ಯಕ್ಕೆ ಪೌರ ನೌಕರರು ಗೈರು
ಚಿತ್ರದುರ್ಗ: ಪೌರ ನೌಕರರ ಬೇಡಿಕೆಗಳನ್ನು ಈಡೇರಿಸುವಂತೆ ಒತ್ತಾಯಿಸಿ ನಗರಸಭೆ ಆವರಣದಲ್ಲಿ ನಡೆಯುತ್ತಿರುವ ಅನಿರ್ದಿಷ್ಟ ಮುಷ್ಕರ ಎರಡನೇ ದಿನವೂ ಮುಂದುವರಿಯಿತು. ನೌಕರರ ಸಂಘದ ಪದಾಧಿಕಾರಿಗಳು ಸರ್ಕಾರದ ಧೋರಣೆಯನ್ನು ಖಂಡಿಸಿದರು. ಬೇಡಿಕೆ ಈಡೇರುವವರೆಗೂ ಹೋರಾಟ ನಿಲ್ಲಿಸುವುದಿಲ್ಲ ಎಂದು ಎಚ್ಚರಿಸಿದರು. ನಗರದ ಸ್ವಚ್ಛತೆ ಕಾರ್ಯ ಸ್ಥಗಿತಗೊಂಡಿದ್ದು ಕಸದ ರಾಶಿ ಹೆಚ್ಚಾಗಿದೆ. ಚಿತ್ರದುರ್ಗ: ಪೌರ ನೌಕರರ ಬೇಡಿಕೆಗಳನ್ನು ಈಡೇರಿಸುವಂತೆ ಒತ್ತಾಯಿಸಿ ನಗರಸಭೆ ಆವರಣದಲ್ಲಿ ನಡೆಯುತ್ತಿರುವ ಅನಿರ್ದಿಷ್ಟ ಮುಷ್ಕರ ಎರಡನೇ ದಿನವೂ ಮುಂದುವರಿಯಿತು. ನೌಕರರ ಸಂಘದ ಪದಾಧಿಕಾರಿಗಳು ಸರ್ಕಾರದ ಧೋರಣೆಯನ್ನು ಖಂಡಿಸಿದರು. ಬೇಡಿಕೆ ಈಡೇರುವವರೆಗೂ
ಚಿತ್ರದುರ್ಗ: ಪೌರ ನೌಕರರ ಬೇಡಿಕೆಗಳನ್ನು ಈಡೇರಿಸುವಂತೆ ಒತ್ತಾಯಿಸಿ ನಗರಸಭೆ ಆವರಣದಲ್ಲಿ ನಡೆಯುತ್ತಿರುವ ಅನಿರ್ದಿಷ್ಟ ಮುಷ್ಕರ ಎರಡನೇ ದಿನವೂ ಮುಂದುವರಿಯಿತು. ನೌಕರರ ಸಂಘದ ಪದಾಧಿಕಾರಿಗಳು ಸರ್ಕಾರದ ಧೋರಣೆಯನ್ನು ಖಂಡಿಸಿದರು. ಬೇಡಿಕೆ ಈಡೇರುವವರೆಗೂ ಹೋರಾಟ ನಿಲ್ಲಿಸುವುದಿಲ್ಲ ಎಂದು ಎಚ್ಚರಿಸಿದರು. ನಗರದ ಸ್ವಚ್ಛತೆ
ಚಿತ್ರದುರ್ಗ: ಪೌರ ನೌಕರರ ಬೇಡಿಕೆಗಳನ್ನು ಈಡೇರಿಸುವಂತೆ ಒತ್ತಾಯಿಸಿ ನಗರಸಭೆ ಆವರಣದಲ್ಲಿ ನಡೆಯುತ್ತಿರುವ ಅನಿರ್ದಿಷ್ಟ ಮುಷ್ಕರ ಎರಡನೇ ದಿನವೂ ಮುಂದುವರಿಯಿತು. ನೌಕರರ ಸಂಘದ ಪದಾಧಿಕಾರಿಗಳು ಸರ್ಕಾರದ ಧೋರಣೆಯನ್ನು ಖಂಡಿಸಿದರು. ಬೇಡಿಕೆ ಈಡೇರುವವರೆಗೂ ಹೋರಾಟ ನಿಲ್ಲಿಸುವುದಿಲ್ಲ ಎಂದು ಎಚ್ಚರಿಸಿದರು. ನಗರದ ಸ್ವಚ್ಛತೆ ಕಾರ್ಯ ಸ್ಥಗಿತಗೊಂಡಿದ್ದು ಕಸದ ರಾಶಿ ಹೆಚ್ಚಾಗಿದೆ. ಚಿತ್ರದುರ್ಗ: ಪೌರ ನೌಕರರ ಬೇಡಿಕೆಗಳನ್ನು ಈಡೇರಿಸುವಂತೆ ಒತ್ತಾಯಿಸಿ ನಗರಸಭೆ ಆವರಣದಲ್ಲಿ ನಡೆಯುತ್ತಿರುವ ಅನಿರ್ದಿಷ್ಟ ಮುಷ್ಕರ ಎರಡನೇ ದಿನವೂ ಮುಂದುವರಿಯಿತು. ನೌಕರರ ಸಂಘದ ಪದಾಧಿಕಾರಿಗಳು ಸರ್ಕಾರದ ಧೋರಣೆಯನ್ನು ಖಂಡಿಸಿದರು. ಬೇಡಿಕೆ ಈಡೇರುವವರೆಗೂ ಹೋರಾಟ ನಿಲ್ಲಿಸುವುದಿಲ್ಲ ಎಂದು ಎಚ್ಚರಿಸಿದರು. ನಗರದ ಸ್ವಚ್ಛತೆ ಕಾರ್ಯ ಸ್ಥಗಿತಗೊಂಡಿದ್ದು ಕಸದ ರಾಶಿ ಹೆಚ್ಚಾಗಿದೆ. ಚಿತ್ರದುರ್ಗ: ಪೌರ ನೌಕರರ ಬೇಡಿಕೆಗಳನ್ನು ಈಡೇರಿಸುವಂತೆ ಒತ್ತಾಯಿಸಿ ನಗರಸಭೆ ಆವರಣದಲ್ಲಿ ನಡೆಯುತ್ತಿರುವ ಅನಿರ್ದಿಷ್ಟ ಮುಷ್ಕರ ಎರಡನೇ ದಿನವೂ ಮುಂದುವರಿಯಿತು. ನೌಕರರ ಸಂಘದ ಪದಾಧಿಕಾರಿಗಳು ಸರ್ಕಾರದ ಧೋರಣೆಯನ್ನು ಖಂಡಿಸಿದರು. ಬೇಡಿಕೆ ಈಡೇರುವವರೆಗೂ ಹೋರಾಟ ನಿಲ್ಲಿಸುವುದಿಲ್ಲ ಎಂದು ಎಚ್ಚರಿಸಿದರು. ನಗರದ ಸ್ವಚ್ಛತೆ ಕಾರ್ಯ ಸ್ಥಗಿತಗೊಂಡಿದ್ದು ಕಸದ ರಾಶಿ ಹೆಚ್ಚಾಗಿದೆ. ಚಿತ್ರದುರ್ಗ: ಪೌರ ನೌಕರರ ಬೇಡಿಕೆಗಳನ್ನು ಈಡೇರಿಸುವಂತೆ ಒತ್ತಾಯಿಸಿ
ಚಿತ್ರದುರ್ಗ: ಪೌರ ನೌಕರರ ಬೇಡಿಕೆಗಳನ್ನು ಈಡೇರಿಸುವಂತೆ ಒತ್ತಾಯಿಸಿ ನಗರಸಭೆ ಆವರಣದಲ್ಲಿ ನಡೆಯುತ್ತಿರುವ ಅನಿರ್ದಿಷ್ಟ ಮುಷ್ಕರ ಎರಡನೇ ದಿನವೂ ಮುಂದುವರಿಯಿತು. ನೌಕರರ ಸಂಘದ ಪದಾಧಿಕಾರಿಗಳು ಸರ್ಕಾರದ ಧೋರಣೆಯನ್ನು ಖಂಡಿಸಿದರು. ಬೇಡಿಕೆ ಈಡೇರುವವರೆಗೂ ಹೋರಾಟ ನಿಲ್ಲಿಸುವುದಿಲ್ಲ ಎಂದು ಎಚ್ಚರಿಸಿದರು. ನಗರದ ಸ್ವಚ್ಛತೆ ಕಾರ್ಯ ಸ್ಥಗಿತಗೊಂಡಿದ್ದು ಕಸದ ರಾಶಿ ಹೆಚ್ಚಾಗಿದೆ. ಚಿತ್ರದುರ್ಗ: ಪೌರ ನೌಕರರ ಬೇಡಿಕೆಗಳನ್ನು ಈಡೇರಿಸುವಂತೆ ಒತ್ತಾಯಿಸಿ ನಗರಸಭೆ ಆವರಣದಲ್ಲಿ ನಡೆಯುತ್ತಿರುವ ಅನಿರ್ದಿಷ್ಟ ಮುಷ್ಕರ ಎರಡನೇ ದಿನವೂ ಮುಂದುವರಿಯಿತು. ನೌಕರರ ಸಂಘದ ಪದಾಧಿಕಾರಿಗಳು ಸರ್ಕಾರದ ಧೋರಣೆಯನ್ನು ಖಂಡಿಸಿದರು. ಬೇಡಿಕೆ ಈಡೇರುವವರೆಗೂ ಹೋರಾಟ ನಿಲ್ಲಿಸುವುದಿಲ್ಲ ಎಂದು ಎಚ್ಚರಿಸಿದರು. ನಗರದ ಸ್ವಚ್ಛತೆ ಕಾರ್ಯ ಸ್ಥಗಿತಗೊಂಡಿದ್ದು ಕಸದ ರಾಶಿ ಹೆಚ್ಚಾಗಿದೆ. ಚಿತ್ರದುರ್ಗ: ಪೌರ ನೌಕರರ ಬೇಡಿಕೆಗಳನ್ನು
ಚಿತ್ರದುರ್ಗ: ಪೌರ ನೌಕರರ ಬೇಡಿಕೆಗಳನ್ನು ಈಡೇರಿಸುವಂತೆ ಒತ್ತಾಯಿಸಿ ನಗರಸಭೆ ಆವರಣದಲ್ಲಿ ನಡೆಯುತ್ತಿರುವ ಅನಿರ್ದಿಷ್ಟ ಮುಷ್ಕರ ಎರಡನೇ ದಿನವೂ ಮುಂದುವರಿಯಿತು. ನೌಕರರ ಸಂಘದ ಪದಾಧಿಕಾರಿಗಳು ಸರ್ಕಾರದ ಧೋರಣೆಯನ್ನು ಖಂಡಿಸಿದರು. ಬೇಡಿಕೆ ಈಡೇರುವವರೆಗೂ ಹೋರಾಟ
ಮುಂದುವರಿದ ಪೌರ ನೌಕರರ ಧರಣಿ
ಚಿತ್ರದುರ್ಗ: ಪೌರ ನೌಕರರ ಬೇಡಿಕೆಗಳನ್ನು ಈಡೇರಿಸುವಂತೆ ಒತ್ತಾಯಿಸಿ ನಗರಸಭೆ ಆವರಣದಲ್ಲಿ ನಡೆಯುತ್ತಿರುವ ಅನಿರ್ದಿಷ್ಟ ಮುಷ್ಕರ ಎರಡನೇ ದಿನವೂ ಮುಂದುವರಿಯಿತು. ನೌಕರರ ಸಂಘದ ಪದಾಧಿಕಾರಿಗಳು ಸರ್ಕಾರದ ಧೋರಣೆಯನ್ನು ಖಂಡಿಸಿದರು. ಬೇಡಿಕೆ ಈಡೇರುವವರೆಗೂ ಹೋರಾಟ ನಿಲ್ಲಿಸುವುದಿಲ್ಲ ಎಂದು
ಚಿತ್ರದುರ್ಗ: ಪೌರ ನೌಕರರ ಬೇಡಿಕೆಗಳನ್ನು ಈಡೇರಿಸುವಂತೆ ಒತ್ತಾಯಿಸಿ ನಗರಸಭೆ ಆವರಣದಲ್ಲಿ ನಡೆಯುತ್ತಿರುವ ಅನಿರ್ದಿಷ್ಟ ಮುಷ್ಕರ ಎರಡನೇ ದಿನವೂ ಮುಂದುವರಿಯಿತು. ನೌಕರರ ಸಂಘದ ಪದಾಧಿಕಾರಿಗಳು ಸರ್ಕಾರದ ಧೋರಣೆಯನ್ನು ಖಂಡಿಸಿದರು. ಬೇಡಿಕೆ ಈಡೇರುವವರೆಗೂ ಹೋರಾಟ ನಿಲ್ಲಿಸುವುದಿಲ್ಲ ಎಂದು ಎಚ್ಚರಿಸಿದರು. ನಗರದ ಸ್ವಚ್ಛತೆ ಕಾರ್ಯ ಸ್ಥಗಿತಗೊಂಡಿದ್ದು ಕಸದ ರಾಶಿ ಹೆಚ್ಚಾಗಿದೆ. ಚಿತ್ರದುರ್ಗ: ಪೌರ ನೌಕರರ ಬೇಡಿಕೆಗಳನ್ನು ಈಡೇರಿಸುವಂತೆ ಒತ್ತಾಯಿಸಿ ನಗರಸಭೆ ಆವರಣದಲ್ಲಿ ನಡೆಯುತ್ತಿರುವ ಅನಿರ್ದಿಷ್ಟ ಮುಷ್ಕರ ಎರಡನೇ ದಿನವೂ ಮುಂದುವರಿಯಿತು. ನೌಕರರ ಸಂಘದ ಪದಾಧಿಕಾರಿಗಳು ಸರ್ಕಾರದ ಧೋರಣೆಯನ್ನು ಖಂಡಿಸಿದರು. ಬೇಡಿಕೆ ಈಡೇರುವವರೆಗೂ ಹೋರಾಟ ನಿಲ್ಲಿಸುವುದಿಲ್ಲ ಎಂದು ಎಚ್ಚರಿಸಿದರು. ನಗರದ ಸ್ವಚ್ಛತೆ ಕಾರ್ಯ ಸ್ಥಗಿತಗೊಂಡಿದ್ದು ಕಸದ ರಾಶಿ ಹೆಚ್ಚಾಗಿದೆ. ಚಿತ್ರದುರ್ಗ: ಪೌರ ನೌಕರರ ಬೇಡಿಕೆಗಳನ್ನು ಈಡೇರಿಸುವಂತೆ ಒತ್ತಾಯಿಸಿ ನಗರಸಭೆ ಆವರಣದಲ್ಲಿ ನಡೆಯುತ್ತಿರುವ ಅನಿರ್ದಿಷ್ಟ ಮುಷ್ಕರ ಎರಡನೇ ದಿನವೂ ಮುಂದುವರಿಯಿತು. ನೌಕರರ ಸಂಘದ ಪದಾಧಿಕಾರಿಗಳು ಸರ್ಕಾರದ ಧೋರಣೆಯನ್ನು ಖಂಡಿಸಿದರು. ಬೇಡಿಕೆ ಈಡೇರುವವರೆಗೂ ಹೋರಾಟ ನಿಲ್ಲಿಸುವುದಿಲ್ಲ ಎಂದು ಎಚ್ಚರಿಸಿದರು. ನಗರದ ಸ್ವಚ್ಛತೆ ಕಾರ್ಯ ಸ್ಥಗಿತಗೊಂಡಿದ್ದು ಕಸದ ರಾಶಿ ಹೆಚ್ಚಾಗಿದೆ. ಚಿತ್ರದುರ್ಗ: ಪೌರ ನೌಕರರ ಬೇಡಿಕೆಗಳನ್ನು ಈಡೇರಿಸುವಂತೆ ಒತ್ತಾಯಿಸಿ ನಗರಸಭೆ ಆವರಣದಲ್ಲಿ ನಡೆಯುತ್ತಿರುವ ಅನಿರ್ದಿಷ್ಟ ಮುಷ್ಕರ ಎರಡನೇ ದಿನವೂ ಮುಂದುವರಿಯಿತು. ನೌಕರರ ಸಂಘದ ಪದಾಧಿಕಾರಿಗಳು ಸರ್ಕಾರದ ಧೋರಣೆಯನ್ನು ಖಂಡಿಸಿದರು. ಬೇಡಿಕೆ ಈಡೇರುವವರೆಗೂ ಹೋರಾಟ ನಿಲ್ಲಿಸುವುದಿಲ್ಲ ಎಂದು ಎಚ್ಚರಿಸಿದರು. ನಗರದ ಸ್ವಚ್ಛತೆ ಕಾರ್ಯ ಸ್ಥಗಿತಗೊಂಡಿದ್ದು ಕಸದ ರಾಶಿ ಹೆಚ್ಚಾಗಿದೆ.
ಸರ್ಕಾರ ಪೌರ ನೌಕರರ ಖಾಯಂಗೊಳಿಸಲಿ: ಲವ
■ ಉದಯವಾಣಿ ಸಮಾಚಾರ
ಚಿತ್ರದುರ್ಗ: ಪೌರ ನೌಕರರ ಬೇಡಿಕೆಗಳನ್ನು ಈಡೇರಿಸುವಂತೆ ಒತ್ತಾಯಿಸಿ ನಗರಸಭೆ ಆವರಣದಲ್ಲಿ ನಡೆಯುತ್ತಿರುವ ಅನಿರ್ದಿಷ್ಟ ಮುಷ್ಕರ ಎರಡನೇ ದಿನವೂ ಮುಂದುವರಿಯಿತು. ನೌಕರರ ಸಂಘದ ಪದಾಧಿಕಾರಿಗಳು ಸರ್ಕಾರದ ಧೋರಣೆಯನ್ನು ಖಂಡಿಸಿದರು. ಬೇಡಿಕೆ ಈಡೇರುವವರೆಗೂ ಹೋರಾಟ ನಿಲ್ಲಿಸುವುದಿಲ್ಲ ಎಂದು ಎಚ್ಚರಿಸಿದರು. ನಗರದ ಸ್ವಚ್ಛತೆ ಕಾರ್ಯ ಸ್ಥಗಿತಗೊಂಡಿದ್ದು ಕಸದ ರಾಶಿ ಹೆಚ್ಚಾಗಿದೆ. ಚಿತ್ರದುರ್ಗ: ಪೌರ ನೌಕರರ ಬೇಡಿಕೆಗಳನ್ನು ಈಡೇರಿಸುವಂತೆ ಒತ್ತಾಯಿಸಿ ನಗರಸಭೆ ಆವರಣದಲ್ಲಿ ನಡೆಯುತ್ತಿರುವ ಅನಿರ್ದಿಷ್ಟ ಮುಷ್ಕರ ಎರಡನೇ ದಿನವೂ ಮುಂದುವರಿಯಿತು. ನೌಕರರ ಸಂಘದ ಪದಾಧಿಕಾರಿಗಳು ಸರ್ಕಾರದ ಧೋರಣೆಯನ್ನು ಖಂಡಿಸಿದರು. ಬೇಡಿಕೆ ಈಡೇರುವವರೆಗೂ ಹೋರಾಟ ನಿಲ್ಲಿಸುವುದಿಲ್ಲ ಎಂದು ಎಚ್ಚರಿಸಿದರು. ನಗರದ ಸ್ವಚ್ಛತೆ ಕಾರ್ಯ ಸ್ಥಗಿತಗೊಂಡಿದ್ದು ಕಸದ ರಾಶಿ ಹೆಚ್ಚಾಗಿದೆ. ಚಿತ್ರದುರ್ಗ: ಪೌರ ನೌಕರರ ಬೇಡಿಕೆಗಳನ್ನು ಈಡೇರಿಸುವಂತೆ ಒತ್ತಾಯಿಸಿ ನಗರಸಭೆ ಆವರಣದಲ್ಲಿ ನಡೆಯುತ್ತಿರುವ ಅನಿರ್ದಿಷ್ಟ ಮುಷ್ಕರ ಎರಡನೇ ದಿನವೂ ಮುಂದುವರಿಯಿತು. ನೌಕರರ ಸಂಘದ ಪದಾಧಿಕಾರಿಗಳು ಸರ್ಕಾರದ ಧೋರಣೆಯನ್ನು ಖಂಡಿಸಿದರು. ಬೇಡಿಕೆ ಈಡೇರುವವರೆಗೂ ಹೋರಾಟ ನಿಲ್ಲಿಸುವುದಿಲ್ಲ ಎಂದು ಎಚ್ಚರಿಸಿದರು. ನಗರದ ಸ್ವಚ್ಛತೆ ಕಾರ್ಯ ಸ್ಥಗಿತಗೊಂಡಿದ್ದು ಕಸದ ರಾಶಿ ಹೆಚ್ಚಾಗಿದೆ. ಚಿತ್ರದುರ್ಗ: ಪೌರ ನೌಕರರ ಬೇಡಿಕೆಗಳನ್ನು ಈಡೇರಿಸುವಂತೆ ಒತ್ತಾಯಿಸಿ ನಗರಸಭೆ ಆವರಣದಲ್ಲಿ ನಡೆಯುತ್ತಿರುವ ಅನಿರ್ದಿಷ್ಟ ಮುಷ್ಕರ ಎರಡನೇ ದಿನವೂ ಮುಂದುವರಿಯಿತು. ನೌಕರರ ಸಂಘದ ಪದಾಧಿಕಾರಿಗಳು ಸರ್ಕಾರದ ಧೋರಣೆಯನ್ನು ಖಂಡಿಸಿದರು. ಬೇಡಿಕೆ ಈಡೇರುವವರೆಗೂ ಹೋರಾಟ ನಿಲ್ಲಿಸುವುದಿಲ್ಲ ಎಂದು ಎಚ್ಚರಿಸಿದರು. ನಗರದ ಸ್ವಚ್ಛತೆ ಕಾರ್ಯ ಸ್ಥಗಿತಗೊಂಡಿದ್ದು ಕಸದ ರಾಶಿ ಹೆಚ್ಚಾಗಿದೆ.
ಚಿತ್ರದುರ್ಗ: ಪೌರ ನೌಕರರ ಬೇಡಿಕೆಗಳನ್ನು ಈಡೇರಿಸುವಂತೆ ಒತ್ತಾಯಿಸಿ ನಗರಸಭೆ ಆವರಣದಲ್ಲಿ ನಡೆಯುತ್ತಿರುವ ಅನಿರ್ದಿಷ್ಟ ಮುಷ್ಕರ ಎರಡನೇ ದಿನವೂ ಮುಂದುವರಿಯಿತು. ನೌಕರರ ಸಂಘದ ಪದಾಧಿಕಾರಿಗಳು ಸರ್ಕಾರದ ಧೋರಣೆಯನ್ನು ಖಂಡಿಸಿದರು. ಬೇಡಿಕೆ ಈಡೇರುವವರೆಗೂ ಹೋರಾಟ
ಚಿತ್ರದುರ್ಗ: ಪೌರ ನೌಕರರ ಬೇಡಿಕೆಗಳನ್ನು ಈಡೇರಿಸುವಂತೆ ಒತ್ತಾಯಿಸಿ ನಗರಸಭೆ ಆವರಣದಲ್ಲಿ ನಡೆಯುತ್ತಿರುವ ಅನಿರ್ದಿಷ್ಟ ಮುಷ್ಕರ ಎರಡನೇ ದಿನವೂ ಮುಂದುವರಿಯಿತು. ನೌಕರರ ಸಂಘದ ಪದಾಧಿಕಾರಿಗಳು ಸರ್ಕಾರದ ಧೋರಣೆಯನ್ನು ಖಂಡಿಸಿದರು. ಬೇಡಿಕೆ ಈಡೇರುವವರೆಗೂ ಹೋರಾಟ ನಿಲ್ಲಿಸುವುದಿಲ್ಲ ಎಂದು ಎಚ್ಚರಿಸಿದರು. ನಗರದ ಸ್ವಚ್ಛತೆ ಕಾರ್ಯ ಸ್ಥಗಿತಗೊಂಡಿದ್ದು ಕಸದ ರಾಶಿ ಹೆಚ್ಚಾಗಿದೆ. ಚಿತ್ರದುರ್ಗ: ಪೌರ ನೌಕರರ ಬೇಡಿಕೆಗಳನ್ನು ಈಡೇರಿಸುವಂತೆ ಒತ್ತಾಯಿಸಿ ನಗರಸಭೆ ಆವರಣದಲ್ಲಿ ನಡೆಯುತ್ತಿರುವ ಅನಿರ್ದಿಷ್ಟ ಮುಷ್ಕರ ಎರಡನೇ ದಿನವೂ ಮುಂದುವರಿಯಿತು. ನೌಕರರ ಸಂಘದ ಪದಾಧಿಕಾರಿಗಳು ಸರ್ಕಾರದ ಧೋರಣೆಯನ್ನು ಖಂಡಿಸಿದರು. ಬೇಡಿಕೆ ಈಡೇರುವವರೆಗೂ ಹೋರಾಟ ನಿಲ್ಲಿಸುವುದಿಲ್ಲ ಎಂದು ಎಚ್ಚರಿಸಿದರು. ನಗರದ ಸ್ವಚ್ಛತೆ ಕಾರ್ಯ ಸ್ಥಗಿತಗೊಂಡಿದ್ದು ಕಸದ ರಾಶಿ ಹೆಚ್ಚಾಗಿದೆ. ಚಿತ್ರದುರ್ಗ: ಪೌರ ನೌಕರರ ಬೇಡಿಕೆಗಳನ್ನು ಈಡೇರಿಸುವಂತೆ ಒತ್ತಾಯಿಸಿ ನಗರಸಭೆ ಆವರಣದಲ್ಲಿ ನಡೆಯುತ್ತಿರುವ ಅನಿರ್ದಿಷ್ಟ ಮುಷ್ಕರ ಎರಡನೇ ದಿನವೂ ಮುಂದುವರಿಯಿತು. ನೌಕರರ ಸಂಘದ ಪದಾಧಿಕಾರಿಗಳು ಸರ್ಕಾರದ ಧೋರಣೆಯನ್ನು ಖಂಡಿಸಿದರು. ಬೇಡಿಕೆ ಈಡೇರುವವರೆಗೂ ಹೋರಾಟ ನಿಲ್ಲಿಸುವುದಿಲ್ಲ ಎಂದು ಎಚ್ಚರಿಸಿದರು. ನಗರದ ಸ್ವಚ್ಛತೆ ಕಾರ್ಯ ಸ್ಥಗಿತಗೊಂಡಿದ್ದು ಕಸದ ರಾಶಿ ಹೆಚ್ಚಾಗಿದೆ. ಚಿತ್ರದುರ್ಗ: ಪೌರ ನೌಕರರ ಬೇಡಿಕೆಗಳನ್ನು ಈಡೇರಿಸುವಂತೆ ಒತ್ತಾಯಿಸಿ ನಗರಸಭೆ ಆವರಣದಲ್ಲಿ ನಡೆಯುತ್ತಿರುವ ಅನಿರ್ದಿಷ್ಟ ಮುಷ್ಕರ ಎರಡನೇ ದಿನವೂ ಮುಂದುವರಿಯಿತು. ನೌಕರರ ಸಂಘದ ಪದಾಧಿಕಾರಿಗಳು ಸರ್ಕಾರದ ಧೋರಣೆಯನ್ನು ಖಂಡಿಸಿದರು. ಬೇಡಿಕೆ ಈಡೇರುವವರೆಗೂ ಹೋರಾಟ ನಿಲ್ಲಿಸುವುದಿಲ್ಲ ಎಂದು ಎಚ್ಚರಿಸಿದರು. ನಗರದ ಸ್ವಚ್ಛತೆ ಕಾರ್ಯ ಸ್ಥಗಿತಗೊಂಡಿದ್ದು ಕಸದ ರಾಶಿ ಹೆಚ್ಚಾಗಿದೆ.
ಬೀಜ ಮಾರಾಟ ಕೇಂದ್ರಕ್ಕೆ ಚಾಲನೆ
ಚಿತ್ರದುರ್ಗ: ಪೌರ ನೌಕರರ ಬೇಡಿಕೆಗಳನ್ನು ಈಡೇರಿಸುವಂತೆ ಒತ್ತಾಯಿಸಿ ನಗರಸಭೆ ಆವರಣದಲ್ಲಿ ನಡೆಯುತ್ತಿರುವ ಅನಿರ್ದಿಷ್ಟ ಮುಷ್ಕರ ಎರಡನೇ ದಿನವೂ ಮುಂದುವರಿಯಿತು. ನೌಕರರ ಸಂಘದ ಪದಾಧಿಕಾರಿಗಳು ಸರ್ಕಾರದ ಧೋರಣೆಯನ್ನು ಖಂಡಿಸಿದರು. ಬೇಡಿಕೆ ಈಡೇರುವವರೆಗೂ ಹೋರಾಟ ನಿಲ್ಲಿಸುವುದಿಲ್ಲ ಎಂದು ಎಚ್ಚರಿಸಿದರು. ನಗರದ ಸ್ವಚ್ಛತೆ ಕಾರ್ಯ ಸ್ಥಗಿತಗೊಂಡಿದ್ದು ಕಸದ ರಾಶಿ ಹೆಚ್ಚಾಗಿದೆ. ಚಿತ್ರದುರ್ಗ: ಪೌರ ನೌಕರರ ಬೇಡಿಕೆಗಳನ್ನು ಈಡೇರಿಸುವಂತೆ ಒತ್ತಾಯಿಸಿ ನಗರಸಭೆ ಆವರಣದಲ್ಲಿ ನಡೆಯುತ್ತಿರುವ ಅನಿರ್ದಿಷ್ಟ ಮುಷ್ಕರ ಎರಡನೇ ದಿನವೂ ಮುಂದುವರಿಯಿತು. ನೌಕರರ ಸಂಘದ ಪದಾಧಿಕಾರಿಗಳು ಸರ್ಕಾರದ ಧೋರಣೆಯನ್ನು ಖಂಡಿಸಿದರು. ಬೇಡಿಕೆ ಈಡೇರುವವರೆಗೂ ಹೋರಾಟ ನಿಲ್ಲಿಸುವುದಿಲ್ಲ ಎಂದು ಎಚ್ಚರಿಸಿದರು. ನಗರದ ಸ್ವಚ್ಛತೆ ಕಾರ್ಯ ಸ್ಥಗಿತಗೊಂಡಿದ್ದು ಕಸದ ರಾಶಿ ಹೆಚ್ಚಾಗಿದೆ. ಚಿತ್ರದುರ್ಗ: ಪೌರ ನೌಕರರ ಬೇಡಿಕೆಗಳನ್ನು ಈಡೇರಿಸುವಂತೆ ಒತ್ತಾಯಿಸಿ ನಗರಸಭೆ ಆವರಣದಲ್ಲಿ ನಡೆಯುತ್ತಿರುವ ಅನಿರ್ದಿಷ್ಟ ಮುಷ್ಕರ ಎರಡನೇ ದಿನವೂ ಮುಂದುವರಿಯಿತು. ನೌಕರರ ಸಂಘದ ಪದಾಧಿಕಾರಿಗಳು ಸರ್ಕಾರದ ಧೋರಣೆಯನ್ನು ಖಂಡಿಸಿದರು. ಬೇಡಿಕೆ ಈಡೇರುವವರೆಗೂ ಹೋರಾಟ ನಿಲ್ಲಿಸುವುದಿಲ್ಲ ಎಂದು ಎಚ್ಚರಿಸಿದರು. ನಗರದ ಸ್ವಚ್ಛತೆ ಕಾರ್ಯ ಸ್ಥಗಿತಗೊಂಡಿದ್ದು ಕಸದ ರಾಶಿ ಹೆಚ್ಚಾಗಿದೆ. ಚಿತ್ರದುರ್ಗ: ಪೌರ ನೌಕರರ ಬೇಡಿಕೆಗಳನ್ನು ಈಡೇರಿಸುವಂತೆ ಒತ್ತಾಯಿಸಿ ನಗರಸಭೆ ಆವರಣದಲ್ಲಿ ನಡೆಯುತ್ತಿರುವ ಅನಿರ್ದಿಷ್ಟ ಮುಷ್ಕರ ಎರಡನೇ ದಿನವೂ ಮುಂದುವರಿಯಿತು. ನೌಕರರ ಸಂಘದ ಪದಾಧಿಕಾರಿಗಳು ಸರ್ಕಾರದ ಧೋರಣೆಯನ್ನು ಖಂಡಿಸಿದರು. ಬೇಡಿಕೆ ಈಡೇರುವವರೆಗೂ ಹೋರಾಟ ನಿಲ್ಲಿಸುವುದಿಲ್ಲ ಎಂದು ಎಚ್ಚರಿಸಿದರು. ನಗರದ ಸ್ವಚ್ಛತೆ ಕಾರ್ಯ ಸ್ಥಗಿತಗೊಂಡಿದ್ದು ಕಸದ ರಾಶಿ ಹೆಚ್ಚಾಗಿದೆ.
ಚಿತ್ರದುರ್ಗ: ಪೌರ ನೌಕರರ ಬೇಡಿಕೆಗಳನ್ನು ಈಡೇರಿಸುವಂತೆ ಒತ್ತಾಯಿಸಿ ನಗರಸಭೆ ಆವರಣದಲ್ಲಿ ನಡೆಯುತ್ತಿರುವ ಅನಿರ್ದಿಷ್ಟ ಮುಷ್ಕರ ಎರಡನೇ ದಿನವೂ ಮುಂದುವರಿಯಿತು. ನೌಕರರ ಸಂಘದ ಪದಾಧಿಕಾರಿಗಳು ಸರ್ಕಾರದ ಧೋರಣೆಯನ್ನು ಖಂಡಿಸಿದರು. ಬೇಡಿಕೆ ಈಡೇರುವವರೆಗೂ ಹೋರಾಟ ನಿಲ್ಲಿಸುವುದಿಲ್ಲ ಎಂದು ಎಚ್ಚರಿಸಿದರು. ನಗರದ ಸ್ವಚ್ಛತೆ ಕಾರ್ಯ ಸ್ಥಗಿತಗೊಂಡಿದ್ದು ಕಸದ ರಾಶಿ ಹೆಚ್ಚಾಗಿದೆ. ಚಿತ್ರದುರ್ಗ: ಪೌರ ನೌಕರರ ಬೇಡಿಕೆಗಳನ್ನು ಈಡೇರಿಸುವಂತೆ
ಚಿತ್ರದುರ್ಗ: ಪೌರ ನೌಕರರ ಬೇಡಿಕೆಗಳನ್ನು ಈಡೇರಿಸುವಂತೆ ಒತ್ತಾಯಿಸಿ ನಗರಸಭೆ ಆವರಣದಲ್ಲಿ ನಡೆಯುತ್ತಿರುವ ಅನಿರ್ದಿಷ್ಟ ಮುಷ್ಕರ ಎರಡನೇ ದಿನವೂ ಮುಂದುವರಿಯಿತು. ನೌಕರರ ಸಂಘದ ಪದಾಧಿಕಾರಿಗಳು ಸರ್ಕಾರದ ಧೋರಣೆಯನ್ನು ಖಂಡಿಸಿದರು. ಬೇಡಿಕೆ ಈಡೇರುವವರೆಗೂ ಹೋರಾಟ ನಿಲ್ಲಿಸುವುದಿಲ್ಲ ಎಂದು ಎಚ್ಚರಿಸಿದರು. ನಗರದ ಸ್ವಚ್ಛತೆ ಕಾರ್ಯ ಸ್ಥಗಿತಗೊಂಡಿದ್ದು ಕಸದ ರಾಶಿ ಹೆಚ್ಚಾಗಿದೆ. ಚಿತ್ರದುರ್ಗ: ಪೌರ ನೌಕರರ ಬೇಡಿಕೆಗಳನ್ನು ಈಡೇರಿಸುವಂತೆ ಒತ್ತಾಯಿಸಿ ನಗರಸಭೆ ಆವರಣದಲ್ಲಿ ನಡೆಯುತ್ತಿರುವ ಅನಿರ್ದಿಷ್ಟ ಮುಷ್ಕರ ಎರಡನೇ ದಿನವೂ
'ಮೀನುಗಾರರಿಗೆ ಶೀಘ್ರ ವಸತಿ ಸೌಲಭ್ಯ'
■ ಉದಯವಾಣಿ ಸಮಾಚಾರ
ಚಿತ್ರದುರ್ಗ: ಪೌರ ನೌಕರರ ಬೇಡಿಕೆಗಳನ್ನು ಈಡೇರಿಸುವಂತೆ ಒತ್ತಾಯಿಸಿ ನಗರಸಭೆ ಆವರಣದಲ್ಲಿ ನಡೆಯುತ್ತಿರುವ ಅನಿರ್ದಿಷ್ಟ ಮುಷ್ಕರ ಎರಡನೇ ದಿನವೂ ಮುಂದುವರಿಯಿತು. ನೌಕರರ ಸಂಘದ ಪದಾಧಿಕಾರಿಗಳು ಸರ್ಕಾರದ ಧೋರಣೆಯನ್ನು ಖಂಡಿಸಿದರು. ಬೇಡಿಕೆ ಈಡೇರುವವರೆಗೂ ಹೋರಾಟ ನಿಲ್ಲಿಸುವುದಿಲ್ಲ ಎಂದು ಎಚ್ಚರಿಸಿದರು. ನಗರದ ಸ್ವಚ್ಛತೆ ಕಾರ್ಯ ಸ್ಥಗಿತಗೊಂಡಿದ್ದು ಕಸದ ರಾಶಿ ಹೆಚ್ಚಾಗಿದೆ. ಚಿತ್ರದುರ್ಗ: ಪೌರ ನೌಕರರ ಬೇಡಿಕೆಗಳನ್ನು ಈಡೇರಿಸುವಂತೆ ಒತ್ತಾಯಿಸಿ ನಗರಸಭೆ ಆವರಣದಲ್ಲಿ ನಡೆಯುತ್ತಿರುವ ಅನಿರ್ದಿಷ್ಟ ಮುಷ್ಕರ ಎರಡನೇ ದಿನವೂ ಮುಂದುವರಿಯಿತು. ನೌಕರರ ಸಂಘದ ಪದಾಧಿಕಾರಿಗಳು ಸರ್ಕಾರದ ಧೋರಣೆಯನ್ನು ಖಂಡಿಸಿದರು. ಬೇಡಿಕೆ ಈಡೇರುವವರೆಗೂ ಹೋರಾಟ ನಿಲ್ಲಿಸುವುದಿಲ್ಲ ಎಂದು ಎಚ್ಚರಿಸಿದರು. ನಗರದ ಸ್ವಚ್ಛತೆ ಕಾರ್ಯ ಸ್ಥಗಿತಗೊಂಡಿದ್ದು ಕಸದ ರಾಶಿ ಹೆಚ್ಚಾಗಿದೆ. ಚಿತ್ರದುರ್ಗ: ಪೌರ ನೌಕರರ ಬೇಡಿಕೆಗಳನ್ನು ಈಡೇರಿಸುವಂತೆ ಒತ್ತಾಯಿಸಿ ನಗರಸಭೆ ಆವರಣದಲ್ಲಿ ನಡೆಯುತ್ತಿರುವ ಅನಿರ್ದಿಷ್ಟ ಮುಷ್ಕರ ಎರಡನೇ ದಿನವೂ ಮುಂದುವರಿಯಿತು. ನೌಕರರ ಸಂಘದ ಪದಾಧಿಕಾರಿಗಳು ಸರ್ಕಾರದ ಧೋರಣೆಯನ್ನು ಖಂಡಿಸಿದರು. ಬೇಡಿಕೆ ಈಡೇರುವವರೆಗೂ ಹೋರಾಟ ನಿಲ್ಲಿಸುವುದಿಲ್ಲ ಎಂದು ಎಚ್ಚರಿಸಿದರು. ನಗರದ ಸ್ವಚ್ಛತೆ ಕಾರ್ಯ ಸ್ಥಗಿತಗೊಂಡಿದ್ದು ಕಸದ ರಾಶಿ ಹೆಚ್ಚಾಗಿದೆ. ಚಿತ್ರದುರ್ಗ: ಪೌರ ನೌಕರರ ಬೇಡಿಕೆಗಳನ್ನು ಈಡೇರಿಸುವಂತೆ ಒತ್ತಾಯಿಸಿ ನಗರಸಭೆ ಆವರಣದಲ್ಲಿ ನಡೆಯುತ್ತಿರುವ ಅನಿರ್ದಿಷ್ಟ ಮುಷ್ಕರ ಎರಡನೇ ದಿನವೂ ಮುಂದುವರಿಯಿತು. ನೌಕರರ ಸಂಘದ ಪದಾಧಿಕಾರಿಗಳು ಸರ್ಕಾರದ ಧೋರಣೆಯನ್ನು ಖಂಡಿಸಿದರು. ಬೇಡಿಕೆ ಈಡೇರುವವರೆಗೂ ಹೋರಾಟ ನಿಲ್ಲಿಸುವುದಿಲ್ಲ ಎಂದು ಎಚ್ಚರಿಸಿದರು. ನಗರದ ಸ್ವಚ್ಛತೆ ಕಾರ್ಯ ಸ್ಥಗಿತಗೊಂಡಿದ್ದು ಕಸದ ರಾಶಿ ಹೆಚ್ಚಾಗಿದೆ.
ಚಿತ್ರದುರ್ಗ: ಪೌರ ನೌಕರರ ಬೇಡಿಕೆಗಳನ್ನು ಈಡೇರಿಸುವಂತೆ ಒತ್ತಾಯಿಸಿ ನಗರಸಭೆ ಆವರಣದಲ್ಲಿ ನಡೆಯುತ್ತಿರುವ ಅನಿರ್ದಿಷ್ಟ ಮುಷ್ಕರ ಎರಡನೇ ದಿನವೂ ಮುಂದುವರಿಯಿತು. ನೌಕರರ ಸಂಘದ ಪದಾಧಿಕಾರಿಗಳು ಸರ್ಕಾರದ ಧೋರಣೆಯನ್ನು ಖಂಡಿಸಿದರು.
ಚಿತ್ರದುರ್ಗ: ಪೌರ ನೌಕರರ ಬೇಡಿಕೆಗಳನ್ನು ಈಡೇರಿಸುವಂತೆ ಒತ್ತಾಯಿಸಿ ನಗರಸಭೆ ಆವರಣದಲ್ಲಿ ನಡೆಯುತ್ತಿರುವ ಅನಿರ್ದಿಷ್ಟ ಮುಷ್ಕರ ಎರಡನೇ ದಿನವೂ ಮುಂದುವರಿಯಿತು. ನೌಕರರ ಸಂಘದ ಪದಾಧಿಕಾರಿಗಳು ಸರ್ಕಾರದ ಧೋರಣೆಯನ್ನು ಖಂಡಿಸಿದರು. ಬೇಡಿಕೆ ಈಡೇರುವವರೆಗೂ ಹೋರಾಟ ನಿಲ್ಲಿಸುವುದಿಲ್ಲ ಎಂದು ಎಚ್ಚರಿಸಿದರು. ನಗರದ ಸ್ವಚ್ಛತೆ ಕಾರ್ಯ ಸ್ಥಗಿತಗೊಂಡಿದ್ದು ಕಸದ ರಾಶಿ ಹೆಚ್ಚಾಗಿದೆ. ಚಿತ್ರದುರ್ಗ: ಪೌರ ನೌಕರರ ಬೇಡಿಕೆಗಳನ್ನು ಈಡೇರಿಸುವಂತೆ ಒತ್ತಾಯಿಸಿ ನಗರಸಭೆ ಆವರಣದಲ್ಲಿ ನಡೆಯುತ್ತಿರುವ ಅನಿರ್ದಿಷ್ಟ ಮುಷ್ಕರ ಎರಡನೇ ದಿನವೂ ಮುಂದುವರಿಯಿತು. ನೌಕರರ ಸಂಘದ ಪದಾಧಿಕಾರಿಗಳು ಸರ್ಕಾರದ ಧೋರಣೆಯನ್ನು ಖಂಡಿಸಿದರು. ಬೇಡಿಕೆ ಈಡೇರುವವರೆಗೂ ಹೋರಾಟ ನಿಲ್ಲಿಸುವುದಿಲ್ಲ ಎಂದು ಎಚ್ಚರಿಸಿದರು. ನಗರದ ಸ್ವಚ್ಛತೆ ಕಾರ್ಯ ಸ್ಥಗಿತಗೊಂಡಿದ್ದು ಕಸದ ರಾಶಿ ಹೆಚ್ಚಾಗಿದೆ. ಚಿತ್ರದುರ್ಗ: ಪೌರ ನೌಕರರ ಬೇಡಿಕೆಗಳನ್ನು ಈಡೇರಿಸುವಂತೆ ಒತ್ತಾಯಿಸಿ ನಗರಸಭೆ ಆವರಣದಲ್ಲಿ ನಡೆಯುತ್ತಿರುವ ಅನಿರ್ದಿಷ್ಟ ಮುಷ್ಕರ ಎರಡನೇ ದಿನವೂ ಮುಂದುವರಿಯಿತು. ನೌಕರರ ಸಂಘದ ಪದಾಧಿಕಾರಿಗಳು ಸರ್ಕಾರದ ಧೋರಣೆಯನ್ನು ಖಂಡಿಸಿದರು. ಬೇಡಿಕೆ ಈಡೇರುವವರೆಗೂ ಹೋರಾಟ ನಿಲ್ಲಿಸುವುದಿಲ್ಲ ಎಂದು ಎಚ್ಚರಿಸಿದರು. ನಗರದ ಸ್ವಚ್ಛತೆ ಕಾರ್ಯ ಸ್ಥಗಿತಗೊಂಡಿದ್ದು ಕಸದ ರಾಶಿ ಹೆಚ್ಚಾಗಿದೆ. ಚಿತ್ರದುರ್ಗ: ಪೌರ ನೌಕರರ ಬೇಡಿಕೆಗಳನ್ನು ಈಡೇರಿಸುವಂತೆ ಒತ್ತಾಯಿಸಿ ನಗರಸಭೆ ಆವರಣದಲ್ಲಿ ನಡೆಯುತ್ತಿರುವ ಅನಿರ್ದಿಷ್ಟ ಮುಷ್ಕರ ಎರಡನೇ ದಿನವೂ ಮುಂದುವರಿಯಿತು. ನೌಕರರ ಸಂಘದ ಪದಾಧಿಕಾರಿಗಳು ಸರ್ಕಾರದ ಧೋರಣೆಯನ್ನು ಖಂಡಿಸಿದರು. ಬೇಡಿಕೆ ಈಡೇರುವವರೆಗೂ ಹೋರಾಟ ನಿಲ್ಲಿಸುವುದಿಲ್ಲ ಎಂದು ಎಚ್ಚರಿಸಿದರು. ನಗರದ ಸ್ವಚ್ಛತೆ ಕಾರ್ಯ ಸ್ಥಗಿತಗೊಂಡಿದ್ದು ಕಸದ ರಾಶಿ ಹೆಚ್ಚಾಗಿದೆ.
ಸಮರ್ಪಕ ಮಾಹಿತಿ ನೀಡುತ್ತಿಲ್ಲ; ಸೂಚನೆ ಸರಿಯಾಗಿ ಪಾಲಿಸುತ್ತಿಲ್ಲ ಆರೋಪ
ನಗರಸಭೆ ಅಧಿಕಾರಿಗಳ ಕಾರ್ಯವೈಖರಿಗೆ ಸದಸ್ಯರ ಕಿಡಿ
■ ಉದಯವಾಣಿ ಸಮಾಚಾರ
ಚಿತ್ರದುರ್ಗ: ಪೌರ ನೌಕರರ ಬೇಡಿಕೆಗಳನ್ನು ಈಡೇರಿಸುವಂತೆ ಒತ್ತಾಯಿಸಿ ನಗರಸಭೆ ಆವರಣದಲ್ಲಿ ನಡೆಯುತ್ತಿರುವ ಅನಿರ್ದಿಷ್ಟ ಮುಷ್ಕರ ಎರಡನೇ ದಿನವೂ ಮುಂದುವರಿಯಿತು. ನೌಕರರ ಸಂಘದ ಪದಾಧಿಕಾರಿಗಳು ಸರ್ಕಾರದ ಧೋರಣೆಯನ್ನು ಖಂಡಿಸಿದರು. ಬೇಡಿಕೆ ಈಡೇರುವವರೆಗೂ ಹೋರಾಟ ನಿಲ್ಲಿಸುವುದಿಲ್ಲ ಎಂದು ಎಚ್ಚರಿಸಿದರು. ನಗರದ ಸ್ವಚ್ಛತೆ ಕಾರ್ಯ ಸ್ಥಗಿತಗೊಂಡಿದ್ದು ಕಸದ ರಾಶಿ ಹೆಚ್ಚಾಗಿದೆ. ಚಿತ್ರದುರ್ಗ: ಪೌರ ನೌಕರರ ಬೇಡಿಕೆಗಳನ್ನು ಈಡೇರಿಸುವಂತೆ ಒತ್ತಾಯಿಸಿ ನಗರಸಭೆ ಆವರಣದಲ್ಲಿ ನಡೆಯುತ್ತಿರುವ ಅನಿರ್ದಿಷ್ಟ ಮುಷ್ಕರ ಎರಡನೇ ದಿನವೂ ಮುಂದುವರಿಯಿತು. ನೌಕರರ ಸಂಘದ ಪದಾಧಿಕಾರಿಗಳು ಸರ್ಕಾರದ ಧೋರಣೆಯನ್ನು ಖಂಡಿಸಿದರು. ಬೇಡಿಕೆ ಈಡೇರುವವರೆಗೂ ಹೋರಾಟ ನಿಲ್ಲಿಸುವುದಿಲ್ಲ ಎಂದು ಎಚ್ಚರಿಸಿದರು. ನಗರದ ಸ್ವಚ್ಛತೆ ಕಾರ್ಯ ಸ್ಥಗಿತಗೊಂಡಿದ್ದು ಕಸದ ರಾಶಿ ಹೆಚ್ಚಾಗಿದೆ. ಚಿತ್ರದುರ್ಗ: ಪೌರ ನೌಕರರ ಬೇಡಿಕೆಗಳನ್ನು ಈಡೇರಿಸುವಂತೆ ಒತ್ತಾಯಿಸಿ ನಗರಸಭೆ ಆವರಣದಲ್ಲಿ ನಡೆಯುತ್ತಿರುವ ಅನಿರ್ದಿಷ್ಟ ಮುಷ್ಕರ ಎರಡನೇ ದಿನವೂ ಮುಂದುವರಿಯಿತು. ನೌಕರರ ಸಂಘದ ಪದಾಧಿಕಾರಿಗಳು ಸರ್ಕಾರದ ಧೋರಣೆಯನ್ನು ಖಂಡಿಸಿದರು. ಬೇಡಿಕೆ ಈಡೇರುವವರೆಗೂ ಹೋರಾಟ ನಿಲ್ಲಿಸುವುದಿಲ್ಲ ಎಂದು ಎಚ್ಚರಿಸಿದರು. ನಗರದ ಸ್ವಚ್ಛತೆ ಕಾರ್ಯ ಸ್ಥಗಿತಗೊಂಡಿದ್ದು ಕಸದ ರಾಶಿ ಹೆಚ್ಚಾಗಿದೆ. ಚಿತ್ರದುರ್ಗ: ಪೌರ ನೌಕರರ ಬೇಡಿಕೆಗಳನ್ನು ಈಡೇರಿಸುವಂತೆ ಒತ್ತಾಯಿಸಿ ನಗರಸಭೆ ಆವರಣದಲ್ಲಿ ನಡೆಯುತ್ತಿರುವ ಅನಿರ್ದಿಷ್ಟ ಮುಷ್ಕರ ಎರಡನೇ ದಿನವೂ ಮುಂದುವರಿಯಿತು. ನೌಕರರ ಸಂಘದ ಪದಾಧಿಕಾರಿಗಳು ಸರ್ಕಾರದ ಧೋರಣೆಯನ್ನು ಖಂಡಿಸಿದರು. ಬೇಡಿಕೆ ಈಡೇರುವವರೆಗೂ ಹೋರಾಟ ನಿಲ್ಲಿಸುವುದಿಲ್ಲ ಎಂದು ಎಚ್ಚರಿಸಿದರು. ನಗರದ ಸ್ವಚ್ಛತೆ ಕಾರ್ಯ ಸ್ಥಗಿತಗೊಂಡಿದ್ದು ಕಸದ ರಾಶಿ ಹೆಚ್ಚಾಗಿದೆ.
ಚಿತ್ರದುರ್ಗ: ಪೌರ ನೌಕರರ ಬೇಡಿಕೆಗಳನ್ನು ಈಡೇರಿಸುವಂತೆ ಒತ್ತಾಯಿಸಿ ನಗರಸಭೆ ಆವರಣದಲ್ಲಿ ನಡೆಯುತ್ತಿರುವ ಅನಿರ್ದಿಷ್ಟ ಮುಷ್ಕರ ಎರಡನೇ ದಿನವೂ ಮುಂದುವರಿಯಿತು. ನೌಕರರ ಸಂಘದ ಪದಾಧಿಕಾರಿಗಳು ಸರ್ಕಾರದ ಧೋರಣೆಯನ್ನು ಖಂಡಿಸಿದರು. ಬೇಡಿಕೆ ಈಡೇರುವವರೆಗೂ ಹೋರಾಟ ನಿಲ್ಲಿಸುವುದಿಲ್ಲ
ಚಿತ್ರದುರ್ಗ: ಪೌರ ನೌಕರರ ಬೇಡಿಕೆಗಳನ್ನು ಈಡೇರಿಸುವಂತೆ ಒತ್ತಾಯಿಸಿ ನಗರಸಭೆ ಆವರಣದಲ್ಲಿ ನಡೆಯುತ್ತಿರುವ ಅನಿರ್ದಿಷ್ಟ ಮುಷ್ಕರ ಎರಡನೇ ದಿನವೂ ಮುಂದುವರಿಯಿತು. ನೌಕರರ ಸಂಘದ ಪದಾಧಿಕಾರಿಗಳು ಸರ್ಕಾರದ ಧೋರಣೆಯನ್ನು ಖಂಡಿಸಿದರು. ಬೇಡಿಕೆ ಈಡೇರುವವರೆಗೂ ಹೋರಾಟ ನಿಲ್ಲಿಸುವುದಿಲ್ಲ ಎಂದು ಎಚ್ಚರಿಸಿದರು. ನಗರದ ಸ್ವಚ್ಛತೆ ಕಾರ್ಯ ಸ್ಥಗಿತಗೊಂಡಿದ್ದು ಕಸದ ರಾಶಿ ಹೆಚ್ಚಾಗಿದೆ. ಚಿತ್ರದುರ್ಗ: ಪೌರ ನೌಕರರ ಬೇಡಿಕೆಗಳನ್ನು ಈಡೇರಿಸುವಂತೆ ಒತ್ತಾಯಿಸಿ ನಗರಸಭೆ ಆವರಣದಲ್ಲಿ ನಡೆಯುತ್ತಿರುವ ಅನಿರ್ದಿಷ್ಟ ಮುಷ್ಕರ ಎರಡನೇ ದಿನವೂ ಮುಂದುವರಿಯಿತು. ನೌಕರರ ಸಂಘದ ಪದಾಧಿಕಾರಿಗಳು ಸರ್ಕಾರದ ಧೋರಣೆಯನ್ನು ಖಂಡಿಸಿದರು. ಬೇಡಿಕೆ ಈಡೇರುವವರೆಗೂ ಹೋರಾಟ ನಿಲ್ಲಿಸುವುದಿಲ್ಲ ಎಂದು ಎಚ್ಚರಿಸಿದರು. ನಗರದ ಸ್ವಚ್ಛತೆ ಕಾರ್ಯ ಸ್ಥಗಿತಗೊಂಡಿದ್ದು ಕಸದ ರಾಶಿ ಹೆಚ್ಚಾಗಿದೆ. ಚಿತ್ರದುರ್ಗ: ಪೌರ ನೌಕರರ ಬೇಡಿಕೆಗಳನ್ನು ಈಡೇರಿಸುವಂತೆ ಒತ್ತಾಯಿಸಿ ನಗರಸಭೆ ಆವರಣದಲ್ಲಿ ನಡೆಯುತ್ತಿರುವ ಅನಿರ್ದಿಷ್ಟ ಮುಷ್ಕರ ಎರಡನೇ ದಿನವೂ ಮುಂದುವರಿಯಿತು. ನೌಕರರ ಸಂಘದ ಪದಾಧಿಕಾರಿಗಳು ಸರ್ಕಾರದ ಧೋರಣೆಯನ್ನು ಖಂಡಿಸಿದರು. ಬೇಡಿಕೆ ಈಡೇರುವವರೆಗೂ ಹೋರಾಟ ನಿಲ್ಲಿಸುವುದಿಲ್ಲ ಎಂದು ಎಚ್ಚರಿಸಿದರು. ನಗರದ ಸ್ವಚ್ಛತೆ ಕಾರ್ಯ ಸ್ಥಗಿತಗೊಂಡಿದ್ದು ಕಸದ ರಾಶಿ ಹೆಚ್ಚಾಗಿದೆ. ಚಿತ್ರದುರ್ಗ: ಪೌರ ನೌಕರರ ಬೇಡಿಕೆಗಳನ್ನು ಈಡೇರಿಸುವಂತೆ ಒತ್ತಾಯಿಸಿ ನಗರಸಭೆ ಆವರಣದಲ್ಲಿ ನಡೆಯುತ್ತಿರುವ ಅನಿರ್ದಿಷ್ಟ ಮುಷ್ಕರ ಎರಡನೇ ದಿನವೂ ಮುಂದುವರಿಯಿತು. ನೌಕರರ ಸಂಘದ ಪದಾಧಿಕಾರಿಗಳು ಸರ್ಕಾರದ ಧೋರಣೆಯನ್ನು ಖಂಡಿಸಿದರು. ಬೇಡಿಕೆ ಈಡೇರುವವರೆಗೂ ಹೋರಾಟ ನಿಲ್ಲಿಸುವುದಿಲ್ಲ ಎಂದು ಎಚ್ಚರಿಸಿದರು. ನಗರದ ಸ್ವಚ್ಛತೆ ಕಾರ್ಯ ಸ್ಥಗಿತಗೊಂಡಿದ್ದು ಕಸದ ರಾಶಿ ಹೆಚ್ಚಾಗಿದೆ.
“
ಚಿತ್ರದುರ್ಗ: ಪೌರ ನೌಕರರ ಬೇಡಿಕೆಗಳನ್ನು ಈಡೇರಿಸುವಂತೆ ಒತ್ತಾಯಿಸಿ ನಗರಸಭೆ ಆವರಣದಲ್ಲಿ ನಡೆಯುತ್ತಿರುವ ಅನಿರ್ದಿಷ್ಟ ಮುಷ್ಕರ ಎರಡನೇ ದಿನವೂ ಮುಂದುವರಿಯಿತು. ನೌಕರರ ಸಂಘದ ಪದಾಧಿಕಾರಿಗಳು ಸರ್ಕಾರದ ಧೋರಣೆಯನ್ನು ಖಂಡಿಸಿದರು. ಬೇಡಿಕೆ ಈಡೇರುವವರೆಗೂ ಹೋರಾಟ ನಿಲ್ಲಿಸುವುದಿಲ್ಲ ಎಂದು ಎಚ್ಚರಿಸಿದರು. ನಗರದ ಸ್ವಚ್ಛತೆ ಕಾರ್ಯ ಸ್ಥಗಿತಗೊಂಡಿದ್ದು ಕಸದ ರಾಶಿ ಹೆಚ್ಚಾಗಿದೆ. ಚಿತ್ರದುರ್ಗ: ಪೌರ ನೌಕರರ ಬೇಡಿಕೆಗಳನ್ನು ಈಡೇರಿಸುವಂತೆ ಒತ್ತಾಯಿಸಿ ನಗರಸಭೆ ಆವರಣದಲ್ಲಿ ನಡೆಯುತ್ತಿರುವ ಅನಿರ್ದಿಷ್ಟ ಮುಷ್ಕರ ಎರಡನೇ ದಿನವೂ ಮುಂದುವರಿಯಿತು. ನೌಕರರ ಸಂಘದ ಪದಾಧಿಕಾರಿಗಳು ಸರ್ಕಾರದ ಧೋರಣೆಯನ್ನು ಖಂಡಿಸಿದರು. ಬೇಡಿಕೆ ಈಡೇರುವವರೆಗೂ ಹೋರಾಟ ನಿಲ್ಲಿಸುವುದಿಲ್ಲ ಎಂದು ಎಚ್ಚರಿಸಿದರು. ನಗರದ ಸ್ವಚ್ಛತೆ ಕಾರ್ಯ
- ನೇತ್ರಾವತಿ ಪ್ರಸನ್ನ
ಚಿತ್ರದುರ್ಗ: ಪೌರ ನೌಕರರ ಬೇಡಿಕೆಗಳನ್ನು ಈಡೇರಿಸುವಂತೆ ಒತ್ತಾಯಿಸಿ ನಗರಸಭೆ ಆವರಣದಲ್ಲಿ ನಡೆಯುತ್ತಿರುವ ಅನಿರ್ದಿಷ್ಟ ಮುಷ್ಕರ ಎರಡನೇ ದಿನವೂ ಮುಂದುವರಿಯಿತು. ನೌಕರರ ಸಂಘದ ಪದಾಧಿಕಾರಿಗಳು ಸರ್ಕಾರದ ಧೋರಣೆಯನ್ನು ಖಂಡಿಸಿದರು. ಬೇಡಿಕೆ ಈಡೇರುವವರೆಗೂ ಹೋರಾಟ ನಿಲ್ಲಿಸುವುದಿಲ್ಲ ಎಂದು ಎಚ್ಚರಿಸಿದರು. ನಗರದ ಸ್ವಚ್ಛತೆ ಕಾರ್ಯ ಸ್ಥಗಿತಗೊಂಡಿದ್ದು ಕಸದ ರಾಶಿ ಹೆಚ್ಚಾಗಿದೆ. ಚಿತ್ರದುರ್ಗ: ಪೌರ ನೌಕರರ ಬೇಡಿಕೆಗಳನ್ನು ಈಡೇರಿಸುವಂತೆ ಒತ್ತಾಯಿಸಿ ನಗರಸಭೆ ಆವರಣದಲ್ಲಿ ನಡೆಯುತ್ತಿರುವ ಅನಿರ್ದಿಷ್ಟ ಮುಷ್ಕರ ಎರಡನೇ ದಿನವೂ ಮುಂದುವರಿಯಿತು. ನೌಕರರ ಸಂಘದ ಪದಾಧಿಕಾರಿಗಳು ಸರ್ಕಾರದ ಧೋರಣೆಯನ್ನು ಖಂಡಿಸಿದರು. ಬೇಡಿಕೆ ಈಡೇರುವವರೆಗೂ ಹೋರಾಟ ನಿಲ್ಲಿಸುವುದಿಲ್ಲ ಎಂದು ಎಚ್ಚರಿಸಿದರು. ನಗರದ ಸ್ವಚ್ಛತೆ ಕಾರ್ಯ ಸ್ಥಗಿತಗೊಂಡಿದ್ದು ಕಸದ ರಾಶಿ ಹೆಚ್ಚಾಗಿದೆ. ಚಿತ್ರದುರ್ಗ: ಪೌರ ನೌಕರರ ಬೇಡಿಕೆಗಳನ್ನು ಈಡೇರಿಸುವಂತೆ ಒತ್ತಾಯಿಸಿ ನಗರಸಭೆ ಆವರಣದಲ್ಲಿ ನಡೆಯುತ್ತಿರುವ ಅನಿರ್ದಿಷ್ಟ ಮುಷ್ಕರ ಎರಡನೇ ದಿನವೂ ಮುಂದುವರಿಯಿತು. ನೌಕರರ ಸಂಘದ ಪದಾಧಿಕಾರಿಗಳು ಸರ್ಕಾರದ ಧೋರಣೆಯನ್ನು ಖಂಡಿಸಿದರು. ಬೇಡಿಕೆ ಈಡೇರುವವರೆಗೂ ಹೋರಾಟ ನಿಲ್ಲಿಸುವುದಿಲ್ಲ ಎಂದು ಎಚ್ಚರಿಸಿದರು. ನಗರದ ಸ್ವಚ್ಛತೆ ಕಾರ್ಯ ಸ್ಥಗಿತಗೊಂಡಿದ್ದು ಕಸದ ರಾಶಿ ಹೆಚ್ಚಾಗಿದೆ. ಚಿತ್ರದುರ್ಗ: ಪೌರ ನೌಕರರ ಬೇಡಿಕೆಗಳನ್ನು ಈಡೇರಿಸುವಂತೆ ಒತ್ತಾಯಿಸಿ ನಗರಸಭೆ ಆವರಣದಲ್ಲಿ ನಡೆಯುತ್ತಿರುವ ಅನಿರ್ದಿಷ್ಟ ಮುಷ್ಕರ ಎರಡನೇ ದಿನವೂ ಮುಂದುವರಿಯಿತು. ನೌಕರರ ಸಂಘದ ಪದಾಧಿಕಾರಿಗಳು ಸರ್ಕಾರದ ಧೋರಣೆಯನ್ನು ಖಂಡಿಸಿದರು. ಬೇಡಿಕೆ ಈಡೇರುವವರೆಗೂ ಹೋರಾಟ ನಿಲ್ಲಿಸುವುದಿಲ್ಲ ಎಂದು ಎಚ್ಚರಿಸಿದರು. ನಗರದ ಸ್ವಚ್ಛತೆ ಕಾರ್ಯ ಸ್ಥಗಿತಗೊಂಡಿದ್ದು ಕಸದ ರಾಶಿ ಹೆಚ್ಚಾಗಿದೆ.
